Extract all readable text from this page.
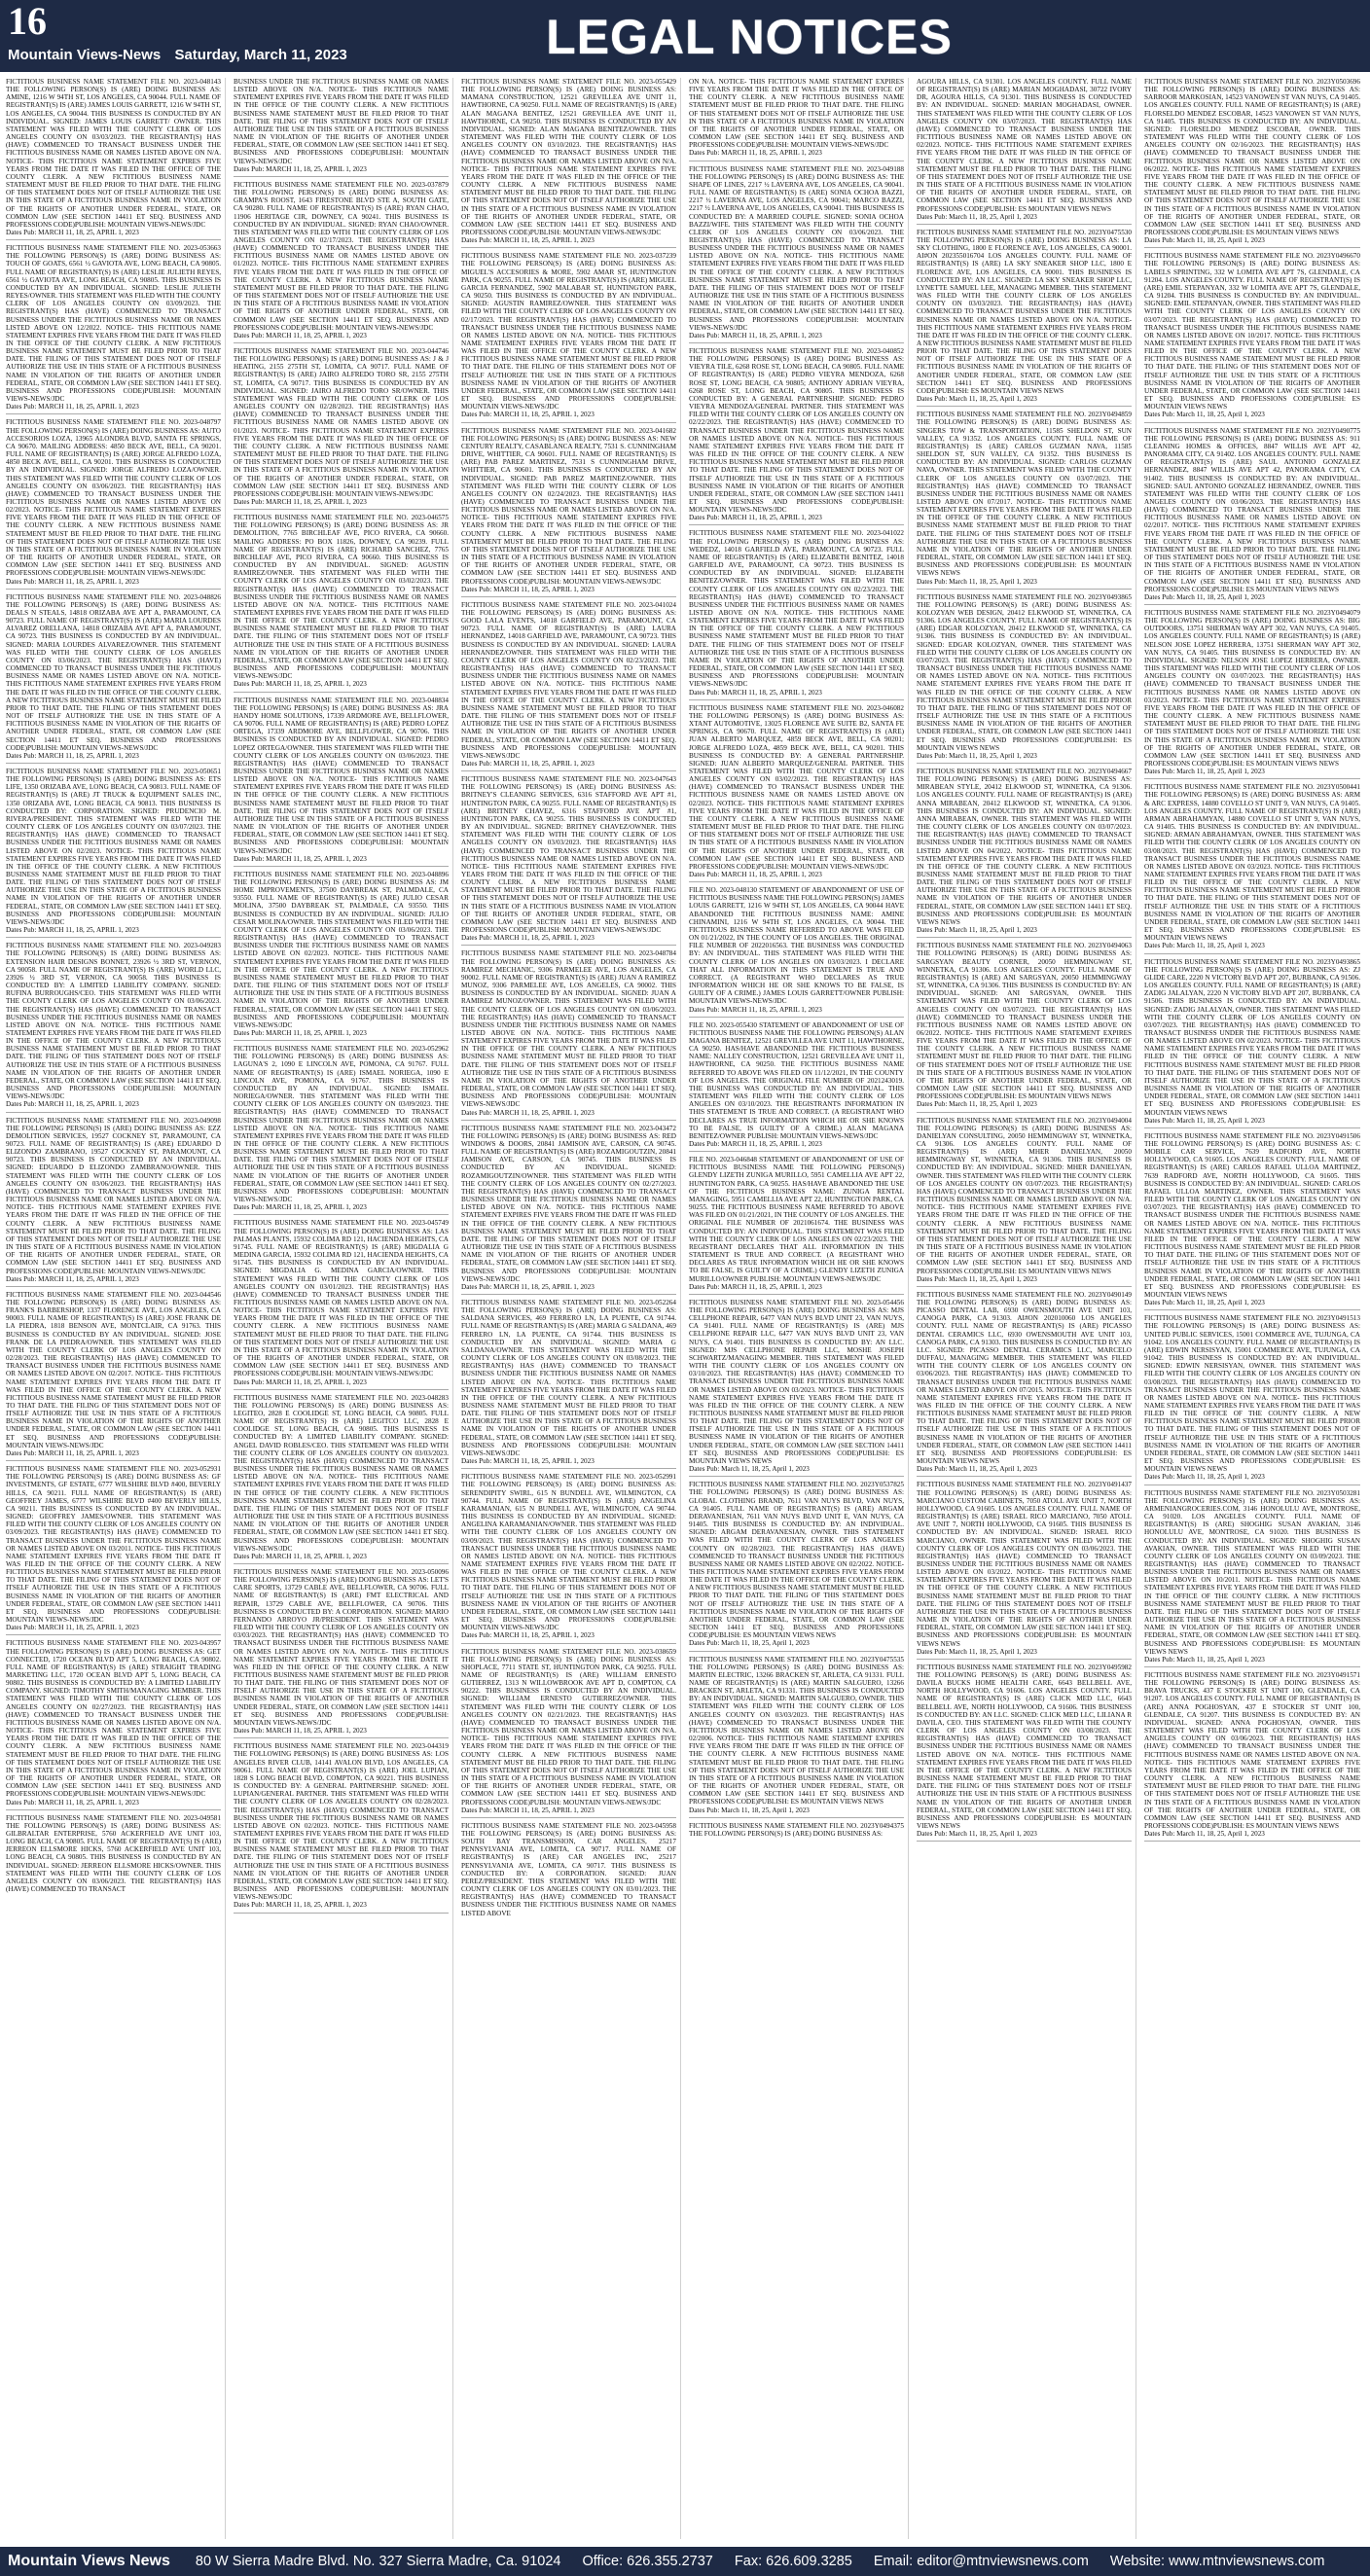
16
Mountain Views-News Saturday, March 11, 2023	LEGAL NOTICES
FICTITIOUS BUSINESS NAME STATEMENT FILE NO. 2023-048143 THE FOLLOWING PERSON(S) IS (ARE) DOING BUSINESS AS: AMINE, 1216 W 94TH ST, LOS ANGELES, CA 90044. FULL NAME OF REGISTRANT(S) IS (ARE) JAMES LOUIS GARRETT, 1216 W 94TH ST, LOS ANGELES, CA 90044. THIS BUSINESS IS CONDUCTED BY AN INDIVIDUAL. SIGNED: JAMES LOUIS GARRETT/ OWNER. THIS STATEMENT WAS FILED WITH THE COUNTY CLERK OF LOS ANGELES COUNTY ON 03/03/2023. THE REGISTRANT(S) HAS (HAVE) COMMENCED TO TRANSACT BUSINESS UNDER THE FICTITIOUS BUSINESS NAME OR NAMES LISTED ABOVE ON N/A. NOTICE- THIS FICTITIOUS NAME STATEMENT EXPIRES FIVE YEARS FROM THE DATE IT WAS FILED IN THE OFFICE OF THE COUNTY CLERK. A NEW FICTITIOUS BUSINESS NAME STATEMENT MUST BE FILED PRIOR TO THAT DATE. THE FILING OF THIS STATEMENT DOES NOT OF ITSELF AUTHORIZE THE USE IN THIS STATE OF A FICTITIOUS BUSINESS NAME IN VIOLATION OF THE RIGHTS OF ANOTHER UNDER FEDERAL, STATE, OR COMMON LAW (SEE SECTION 14411 ET SEQ. BUSINESS AND PROFESSIONS CODE)PUBLISH: MOUNTAIN VIEWS-NEWS/JDC
Dates Pub: MARCH 11, 18, 25, APRIL 1, 2023
FICTITIOUS BUSINESS NAME STATEMENT FILE NO. 2023-053663 THE FOLLOWING PERSON(S) IS (ARE) DOING BUSINESS AS: TOUCH OF GOATS, 6561 ½ GAVIOTA AVE, LONG BEACH, CA 90805. FULL NAME OF REGISTRANT(S) IS (ARE) LESLIE JULIETH REYES, 6561 ½ GAVIOTA AVE, LONG BEACH, CA 90805. THIS BUSINESS IS CONDUCTED BY AN INDIVIDUAL. SIGNED: LESLIE JULIETH REYES/OWNER. THIS STATEMENT WAS FILED WITH THE COUNTY CLERK OF LOS ANGELES COUNTY ON 03/09/2023. THE REGISTRANT(S) HAS (HAVE) COMMENCED TO TRANSACT BUSINESS UNDER THE FICTITIOUS BUSINESS NAME OR NAMES LISTED ABOVE ON 12/2022. NOTICE- THIS FICTITIOUS NAME STATEMENT EXPIRES FIVE YEARS FROM THE DATE IT WAS FILED IN THE OFFICE OF THE COUNTY CLERK. A NEW FICTITIOUS BUSINESS NAME STATEMENT MUST BE FILED PRIOR TO THAT DATE. THE FILING OF THIS STATEMENT DOES NOT OF ITSELF AUTHORIZE THE USE IN THIS STATE OF A FICTITIOUS BUSINESS NAME IN VIOLATION OF THE RIGHTS OF ANOTHER UNDER FEDERAL, STATE, OR COMMON LAW (SEE SECTION 14411 ET SEQ. BUSINESS AND PROFESSIONS CODE)PUBLISH: MOUNTAIN VIEWS-NEWS/JDC
Dates Pub: MARCH 11, 18, 25, APRIL 1, 2023
FICTITIOUS BUSINESS NAME STATEMENT FILE NO. 2023-048797 THE FOLLOWING PERSON(S) IS (ARE) DOING BUSINESS AS: AUTO ACCESORIOS LOZA, 13965 ALONDRA BLVD, SANTA FE SPRINGS, CA 90670. MAILING ADDRESS: 4850 BECK AVE, BELL, CA 90201. FULL NAME OF REGISTRANT(S) IS (ARE) JORGE ALFREDO LOZA, 4850 BECK AVE, BELL, CA 90201. THIS BUSINESS IS CONDUCTED BY AN INDIVIDUAL. SIGNED: JORGE ALFREDO LOZA/OWNER. THIS STATEMENT WAS FILED WITH THE COUNTY CLERK OF LOS ANGELES COUNTY ON 03/06/2023. THE REGISTRANT(S) HAS (HAVE) COMMENCED TO TRANSACT BUSINESS UNDER THE FICTITIOUS BUSINESS NAME OR NAMES LISTED ABOVE ON 02/2023. NOTICE- THIS FICTITIOUS NAME STATEMENT EXPIRES FIVE YEARS FROM THE DATE IT WAS FILED IN THE OFFICE OF THE COUNTY CLERK. A NEW FICTITIOUS BUSINESS NAME STATEMENT MUST BE FILED PRIOR TO THAT DATE. THE FILING OF THIS STATEMENT DOES NOT OF ITSELF AUTHORIZE THE USE IN THIS STATE OF A FICTITIOUS BUSINESS NAME IN VIOLATION OF THE RIGHTS OF ANOTHER UNDER FEDERAL, STATE, OR COMMON LAW (SEE SECTION 14411 ET SEQ. BUSINESS AND PROFESSIONS CODE)PUBLISH: MOUNTAIN VIEWS-NEWS/JDC
Dates Pub: MARCH 11, 18, 25, APRIL 1, 2023
FICTITIOUS BUSINESS NAME STATEMENT FILE NO. 2023-048826 THE FOLLOWING PERSON(S) IS (ARE) DOING BUSINESS AS: DEALS N STEALS, 14818 ORIZABA AVE APT A, PARAMOUNT, CA 90723. FULL NAME OF REGISTRANT(S) IS (ARE) MARIA LOURDES ALVAREZ ORELLANA, 14818 ORIZABA AVE APT A, PARAMOUNT, CA 90723. THIS BUSINESS IS CONDUCTED BY AN INDIVIDUAL. SIGNED: MARIA LOURDES ALVAREZ/OWNER. THIS STATEMENT WAS FILED WITH THE COUNTY CLERK OF LOS ANGELES COUNTY ON 03/06/2023. THE REGISTRANT(S) HAS (HAVE) COMMENCED TO TRANSACT BUSINESS UNDER THE FICTITIOUS BUSINESS NAME OR NAMES LISTED ABOVE ON N/A. NOTICE- THIS FICTITIOUS NAME STATEMENT EXPIRES FIVE YEARS FROM THE DATE IT WAS FILED IN THE OFFICE OF THE COUNTY CLERK. A NEW FICTITIOUS BUSINESS NAME STATEMENT MUST BE FILED PRIOR TO THAT DATE. THE FILING OF THIS STATEMENT DOES NOT OF ITSELF AUTHORIZE THE USE IN THIS STATE OF A FICTITIOUS BUSINESS NAME IN VIOLATION OF THE RIGHTS OF ANOTHER UNDER FEDERAL, STATE, OR COMMON LAW (SEE SECTION 14411 ET SEQ. BUSINESS AND PROFESSIONS CODE)PUBLISH: MOUNTAIN VIEWS-NEWS/JDC
Dates Pub: MARCH 11, 18, 25, APRIL 1, 2023
FICTITIOUS BUSINESS NAME STATEMENT FILE NO. 2023-050651 THE FOLLOWING PERSON(S) IS (ARE) DOING BUSINESS AS: ETS LIFE, 1350 ORIZABA AVE, LONG BEACH, CA 90813. FULL NAME OF REGISTRANT(S) IS (ARE) JT TRUCK & EQUIPMENT SALES INC, 1350 ORIZABA AVE, LONG BEACH, CA 90813. THIS BUSINESS IS CONDUCTED BY: CORPORATION. SIGNED: PRUDENCIO M. RIVERA/PRESIDENT. THIS STATEMENT WAS FILED WITH THE COUNTY CLERK OF LOS ANGELES COUNTY ON 03/07/2023. THE REGISTRANT(S) HAS (HAVE) COMMENCED TO TRANSACT BUSINESS UNDER THE FICTITIOUS BUSINESS NAME OR NAMES LISTED ABOVE ON 02/2023. NOTICE- THIS FICTITIOUS NAME STATEMENT EXPIRES FIVE YEARS FROM THE DATE IT WAS FILED IN THE OFFICE OF THE COUNTY CLERK. A NEW FICTITIOUS BUSINESS NAME STATEMENT MUST BE FILED PRIOR TO THAT DATE. THE FILING OF THIS STATEMENT DOES NOT OF ITSELF AUTHORIZE THE USE IN THIS STATE OF A FICTITIOUS BUSINESS NAME IN VIOLATION OF THE RIGHTS OF ANOTHER UNDER FEDERAL, STATE, OR COMMON LAW (SEE SECTION 14411 ET SEQ. BUSINESS AND PROFESSIONS CODE)PUBLISH: MOUNTAIN VIEWS-NEWS/JDC
Dates Pub: MARCH 11, 18, 25, APRIL 1, 2023
FICTITIOUS BUSINESS NAME STATEMENT FILE NO. 2023-049283 THE FOLLOWING PERSON(S) IS (ARE) DOING BUSINESS AS: EXTENSION HAIR DESIGNS BONNET, 23926 ½ 3RD ST, VERNON, CA 90058. FULL NAME OF REGISTRANT(S) IS (ARE) WORLD LLC, 23926 ½ 3RD ST, VERNON, CA 90058. THIS BUSINESS IS CONDUCTED BY: A LIMITED LIABILITY COMPANY. SIGNED: RUFINA BURROUGHS/CEO. THIS STATEMENT WAS FILED WITH THE COUNTY CLERK OF LOS ANGELES COUNTY ON 03/06/2023. THE REGISTRANT(S) HAS (HAVE) COMMENCED TO TRANSACT BUSINESS UNDER THE FICTITIOUS BUSINESS NAME OR NAMES LISTED ABOVE ON N/A. NOTICE- THIS FICTITIOUS NAME STATEMENT EXPIRES FIVE YEARS FROM THE DATE IT WAS FILED IN THE OFFICE OF THE COUNTY CLERK. A NEW FICTITIOUS BUSINESS NAME STATEMENT MUST BE FILED PRIOR TO THAT DATE. THE FILING OF THIS STATEMENT DOES NOT OF ITSELF AUTHORIZE THE USE IN THIS STATE OF A FICTITIOUS BUSINESS NAME IN VIOLATION OF THE RIGHTS OF ANOTHER UNDER FEDERAL, STATE, OR COMMON LAW (SEE SECTION 14411 ET SEQ. BUSINESS AND PROFESSIONS CODE)PUBLISH: MOUNTAIN VIEWS-NEWS/JDC
Dates Pub: MARCH 11, 18, 25, APRIL 1, 2023
FICTITIOUS BUSINESS NAME STATEMENT FILE NO. 2023-049098 THE FOLLOWING PERSON(S) IS (ARE) DOING BUSINESS AS: EZZ DEMOLITION SERVICES, 19527 COCKNEY ST, PARAMOUNT, CA 90723. FULL NAME OF REGISTRANT(S) IS (ARE) EDUARDO D ELIZONDO ZAMBRANO, 19527 COCKNEY ST, PARAMOUNT, CA 90723. THIS BUSINESS IS CONDUCTED BY AN INDIVIDUAL. SIGNED: EDUARDO D ELIZONDO ZAMBRANO/OWNER. THIS STATEMENT WAS FILED WITH THE COUNTY CLERK OF LOS ANGELES COUNTY ON 03/06/2023. THE REGISTRANT(S) HAS (HAVE) COMMENCED TO TRANSACT BUSINESS UNDER THE FICTITIOUS BUSINESS NAME OR NAMES LISTED ABOVE ON N/A. NOTICE- THIS FICTITIOUS NAME STATEMENT EXPIRES FIVE YEARS FROM THE DATE IT WAS FILED IN THE OFFICE OF THE COUNTY CLERK. A NEW FICTITIOUS BUSINESS NAME STATEMENT MUST BE FILED PRIOR TO THAT DATE. THE FILING OF THIS STATEMENT DOES NOT OF ITSELF AUTHORIZE THE USE IN THIS STATE OF A FICTITIOUS BUSINESS NAME IN VIOLATION OF THE RIGHTS OF ANOTHER UNDER FEDERAL, STATE, OR COMMON LAW (SEE SECTION 14411 ET SEQ. BUSINESS AND PROFESSIONS CODE)PUBLISH: MOUNTAIN VIEWS-NEWS/JDC
Dates Pub: MARCH 11, 18, 25, APRIL 1, 2023
FICTITIOUS BUSINESS NAME STATEMENT FILE NO. 2023-044546 THE FOLLOWING PERSON(S) IS (ARE) DOING BUSINESS AS: FRANK'S BARBERSHOP, 1337 FLORENCE AVE, LOS ANGELES, CA 90003. FULL NAME OF REGISTRANT(S) IS (ARE) JOSE FRANK DE LA PIEDRA, 1818 BENSON AVE, MONTCLAIR, CA 91763. THIS BUSINESS IS CONDUCTED BY AN INDIVIDUAL. SIGNED: JOSE FRANK DE LA PIEDRA/OWNER. THIS STATEMENT WAS FILED WITH THE COUNTY CLERK OF LOS ANGELES COUNTY ON 02/28/2023. THE REGISTRANT(S) HAS (HAVE) COMMENCED TO TRANSACT BUSINESS UNDER THE FICTITIOUS BUSINESS NAME OR NAMES LISTED ABOVE ON 02/2017. NOTICE- THIS FICTITIOUS NAME STATEMENT EXPIRES FIVE YEARS FROM THE DATE IT WAS FILED IN THE OFFICE OF THE COUNTY CLERK. A NEW FICTITIOUS BUSINESS NAME STATEMENT MUST BE FILED PRIOR TO THAT DATE. THE FILING OF THIS STATEMENT DOES NOT OF ITSELF AUTHORIZE THE USE IN THIS STATE OF A FICTITIOUS BUSINESS NAME IN VIOLATION OF THE RIGHTS OF ANOTHER UNDER FEDERAL, STATE, OR COMMON LAW (SEE SECTION 14411 ET SEQ. BUSINESS AND PROFESSIONS CODE)PUBLISH: MOUNTAIN VIEWS-NEWS/JDC
Dates Pub: MARCH 11, 18, 25, APRIL 1, 2023
FICTITIOUS BUSINESS NAME STATEMENT FILE NO. 2023-052931 THE FOLLOWING PERSON(S) IS (ARE) DOING BUSINESS AS: GF INVESTMENTS, GF ESTATE, 6777 WILSHIRE BLVD #400, BEVERLY HILLS, CA 90211. FULL NAME OF REGISTRANT(S) IS (ARE) GEOFFREY JAMES, 6777 WILSHIRE BLVD #400 BEVERLY HILLS, CA 90211. THIS BUSINESS IS CONDUCTED BY AN INDIVIDUAL. SIGNED: GEOFFREY JAMES/OWNER. THIS STATEMENT WAS FILED WITH THE COUNTY CLERK OF LOS ANGELES COUNTY ON 03/09/2023. THE REGISTRANT(S) HAS (HAVE) COMMENCED TO TRANSACT BUSINESS UNDER THE FICTITIOUS BUSINESS NAME OR NAMES LISTED ABOVE ON 03/2011. NOTICE- THIS FICTITIOUS NAME STATEMENT EXPIRES FIVE YEARS FROM THE DATE IT WAS FILED IN THE OFFICE OF THE COUNTY CLERK. A NEW FICTITIOUS BUSINESS NAME STATEMENT MUST BE FILED PRIOR TO THAT DATE. THE FILING OF THIS STATEMENT DOES NOT OF ITSELF AUTHORIZE THE USE IN THIS STATE OF A FICTITIOUS BUSINESS NAME IN VIOLATION OF THE RIGHTS OF ANOTHER UNDER FEDERAL, STATE, OR COMMON LAW (SEE SECTION 14411 ET SEQ. BUSINESS AND PROFESSIONS CODE)PUBLISH: MOUNTAIN VIEWS-NEWS/JDC
Dates Pub: MARCH 11, 18, 25, APRIL 1, 2023
FICTITIOUS BUSINESS NAME STATEMENT FILE NO. 2023-043957 THE FOLLOWING PERSON(S) IS (ARE) DOING BUSINESS AS: GET CONNECTED, 1720 OCEAN BLVD APT 5, LONG BEACH, CA 90802. FULL NAME OF REGISTRANT(S) IS (ARE) STRAIGHT TRADING MARKETING LLC, 1720 OCEAN BLVD APT 5, LONG BEACH, CA 90802. THIS BUSINESS IS CONDUCTED BY: A LIMITED LIABILITY COMPANY. SIGNED: TIMOTHY SMITH/MANAGING MEMBER. THIS STATEMENT WAS FILED WITH THE COUNTY CLERK OF LOS ANGELES COUNTY ON 02/27/2023. THE REGISTRANT(S) HAS (HAVE) COMMENCED TO TRANSACT BUSINESS UNDER THE FICTITIOUS BUSINESS NAME OR NAMES LISTED ABOVE ON N/A. NOTICE- THIS FICTITIOUS NAME STATEMENT EXPIRES FIVE YEARS FROM THE DATE IT WAS FILED IN THE OFFICE OF THE COUNTY CLERK. A NEW FICTITIOUS BUSINESS NAME STATEMENT MUST BE FILED PRIOR TO THAT DATE. THE FILING OF THIS STATEMENT DOES NOT OF ITSELF AUTHORIZE THE USE IN THIS STATE OF A FICTITIOUS BUSINESS NAME IN VIOLATION OF THE RIGHTS OF ANOTHER UNDER FEDERAL, STATE, OR COMMON LAW (SEE SECTION 14411 ET SEQ. BUSINESS AND PROFESSIONS CODE)PUBLISH: MOUNTAIN VIEWS-NEWS/JDC
Dates Pub: MARCH 11, 18, 25, APRIL 1, 2023
FICTITIOUS BUSINESS NAME STATEMENT FILE NO. 2023-049581 THE FOLLOWING PERSON(S) IS (ARE) DOING BUSINESS AS: GILBRALTAR ENTERPRISE, 5760 ACKERFIELD AVE UNIT 103, LONG BEACH, CA 90805. FULL NAME OF REGISTRANT(S) IS (ARE) JERREON ELLSMORE HICKS, 5760 ACKERFIELD AVE UNIT 103, LONG BEACH, CA 90805. THIS BUSINESS IS CONDUCTED BY AN INDIVIDUAL. SIGNED: JERREON ELLSMORE HICKS/OWNER. THIS STATEMENT WAS FILED WITH THE COUNTY CLERK OF LOS ANGELES COUNTY ON 03/06/2023. THE REGISTRANT(S) HAS (HAVE) COMMENCED TO TRANSACT
BUSINESS UNDER THE FICTITIOUS BUSINESS NAME OR NAMES LISTED ABOVE ON N/A. NOTICE- THIS FICTITIOUS NAME STATEMENT EXPIRES FIVE YEARS FROM THE DATE IT WAS FILED IN THE OFFICE OF THE COUNTY CLERK. A NEW FICTITIOUS BUSINESS NAME STATEMENT MUST BE FILED PRIOR TO THAT DATE. THE FILING OF THIS STATEMENT DOES NOT OF ITSELF AUTHORIZE THE USE IN THIS STATE OF A FICTITIOUS BUSINESS NAME IN VIOLATION OF THE RIGHTS OF ANOTHER UNDER FEDERAL, STATE, OR COMMON LAW (SEE SECTION 14411 ET SEQ. BUSINESS AND PROFESSIONS CODE)PUBLISH: MOUNTAIN VIEWS-NEWS/JDC
Dates Pub: MARCH 11, 18, 25, APRIL 1, 2023
FICTITIOUS BUSINESS NAME STATEMENT FILE NO. 2023-037879 THE FOLLOWING PERSON(S) IS (ARE) DOING BUSINESS AS: GRAMPA'S ROOST, 1643 FIRESTONE BLVD STE A, SOUTH GATE, CA 90280. FULL NAME OF REGISTRANT(S) IS (ARE) RYAN CHAO, 11906 HERITAGE CIR, DOWNEY, CA 90241. THIS BUSINESS IS CONDUCTED BY AN INDIVIDUAL. SIGNED: RYAN CHAO/OWNER. THIS STATEMENT WAS FILED WITH THE COUNTY CLERK OF LOS ANGELES COUNTY ON 02/17/2023. THE REGISTRANT(S) HAS (HAVE) COMMENCED TO TRANSACT BUSINESS UNDER THE FICTITIOUS BUSINESS NAME OR NAMES LISTED ABOVE ON 01/2023. NOTICE- THIS FICTITIOUS NAME STATEMENT EXPIRES FIVE YEARS FROM THE DATE IT WAS FILED IN THE OFFICE OF THE COUNTY CLERK. A NEW FICTITIOUS BUSINESS NAME STATEMENT MUST BE FILED PRIOR TO THAT DATE. THE FILING OF THIS STATEMENT DOES NOT OF ITSELF AUTHORIZE THE USE IN THIS STATE OF A FICTITIOUS BUSINESS NAME IN VIOLATION OF THE RIGHTS OF ANOTHER UNDER FEDERAL, STATE, OR COMMON LAW (SEE SECTION 14411 ET SEQ. BUSINESS AND PROFESSIONS CODE)PUBLISH: MOUNTAIN VIEWS-NEWS/JDC
Dates Pub: MARCH 11, 18, 25, APRIL 1, 2023
FICTITIOUS BUSINESS NAME STATEMENT FILE NO. 2023-044746 THE FOLLOWING PERSON(S) IS (ARE) DOING BUSINESS AS: J & J HEATING, 2155 275TH ST, LOMITA, CA 90717. FULL NAME OF REGISTRANT(S) IS (ARE) JAIRO ALFREDO TORO SR, 2155 275TH ST, LOMITA, CA 90717. THIS BUSINESS IS CONDUCTED BY AN INDIVIDUAL. SIGNED: JAIRO ALFREDO TORO SR/OWNER. THIS STATEMENT WAS FILED WITH THE COUNTY CLERK OF LOS ANGELES COUNTY ON 02/28/2023. THE REGISTRANT(S) HAS (HAVE) COMMENCED TO TRANSACT BUSINESS UNDER THE FICTITIOUS BUSINESS NAME OR NAMES LISTED ABOVE ON 01/2023. NOTICE- THIS FICTITIOUS NAME STATEMENT EXPIRES FIVE YEARS FROM THE DATE IT WAS FILED IN THE OFFICE OF THE COUNTY CLERK. A NEW FICTITIOUS BUSINESS NAME STATEMENT MUST BE FILED PRIOR TO THAT DATE. THE FILING OF THIS STATEMENT DOES NOT OF ITSELF AUTHORIZE THE USE IN THIS STATE OF A FICTITIOUS BUSINESS NAME IN VIOLATION OF THE RIGHTS OF ANOTHER UNDER FEDERAL, STATE, OR COMMON LAW (SEE SECTION 14411 ET SEQ. BUSINESS AND PROFESSIONS CODE)PUBLISH: MOUNTAIN VIEWS-NEWS/JDC
Dates Pub: MARCH 11, 18, 25, APRIL 1, 2023
FICTITIOUS BUSINESS NAME STATEMENT FILE NO. 2023-046575 THE FOLLOWING PERSON(S) IS (ARE) DOING BUSINESS AS: JR DEMOLITION, 7765 BIRCHLEAF AVE, PICO RIVERA, CA 90660. MAILING ADDRESS: PO BOX 11826, DOWNEY, CA 90239. FULL NAME OF REGISTRANT(S) IS (ARE) RICHARD SANCHEZ, 7765 BIRCHLEAF AVE, PICO RIVERA, CA 90660. THIS BUSINESS IS CONDUCTED BY AN INDIVIDUAL. SIGNED: AGUSTIN RAMIREZ/OWNER. THIS STATEMENT WAS FILED WITH THE COUNTY CLERK OF LOS ANGELES COUNTY ON 03/02/2023. THE REGISTRANT(S) HAS (HAVE) COMMENCED TO TRANSACT BUSINESS UNDER THE FICTITIOUS BUSINESS NAME OR NAMES LISTED ABOVE ON N/A. NOTICE- THIS FICTITIOUS NAME STATEMENT EXPIRES FIVE YEARS FROM THE DATE IT WAS FILED IN THE OFFICE OF THE COUNTY CLERK. A NEW FICTITIOUS BUSINESS NAME STATEMENT MUST BE FILED PRIOR TO THAT DATE. THE FILING OF THIS STATEMENT DOES NOT OF ITSELF AUTHORIZE THE USE IN THIS STATE OF A FICTITIOUS BUSINESS NAME IN VIOLATION OF THE RIGHTS OF ANOTHER UNDER FEDERAL, STATE, OR COMMON LAW (SEE SECTION 14411 ET SEQ. BUSINESS AND PROFESSIONS CODE)PUBLISH: MOUNTAIN VIEWS-NEWS/JDC
Dates Pub: MARCH 11, 18, 25, APRIL 1, 2023
FICTITIOUS BUSINESS NAME STATEMENT FILE NO. 2023-048834 THE FOLLOWING PERSON(S) IS (ARE) DOING BUSINESS AS: JRA HANDY HOME SOLUTIONS, 17339 ARDMORE AVE, BELLFLOWER, CA 90706. FULL NAME OF REGISTRANT(S) IS (ARE) PEDRO LOPEZ ORTEGA, 17339 ARDMORE AVE, BELLFLOWER, CA 90706. THIS BUSINESS IS CONDUCTED BY AN INDIVIDUAL. SIGNED: PEDRO LOPEZ ORTEGA/OWNER. THIS STATEMENT WAS FILED WITH THE COUNTY CLERK OF LOS ANGELES COUNTY ON 03/06/2023. THE REGISTRANT(S) HAS (HAVE) COMMENCED TO TRANSACT BUSINESS UNDER THE FICTITIOUS BUSINESS NAME OR NAMES LISTED ABOVE ON N/A. NOTICE- THIS FICTITIOUS NAME STATEMENT EXPIRES FIVE YEARS FROM THE DATE IT WAS FILED IN THE OFFICE OF THE COUNTY CLERK. A NEW FICTITIOUS BUSINESS NAME STATEMENT MUST BE FILED PRIOR TO THAT DATE. THE FILING OF THIS STATEMENT DOES NOT OF ITSELF AUTHORIZE THE USE IN THIS STATE OF A FICTITIOUS BUSINESS NAME IN VIOLATION OF THE RIGHTS OF ANOTHER UNDER FEDERAL, STATE, OR COMMON LAW (SEE SECTION 14411 ET SEQ. BUSINESS AND PROFESSIONS CODE)PUBLISH: MOUNTAIN VIEWS-NEWS/JDC
Dates Pub: MARCH 11, 18, 25, APRIL 1, 2023
FICTITIOUS BUSINESS NAME STATEMENT FILE NO. 2023-048896 THE FOLLOWING PERSON(S) IS (ARE) DOING BUSINESS AS: JM HOME IMPROVEMENTS, 37500 DAYBREAK ST, PALMDALE, CA 93550. FULL NAME OF REGISTRANT(S) IS (ARE) JULIO CESAR MOLINA, 37500 DAYBREAK ST, PALMDALE, CA 93550. THIS BUSINESS IS CONDUCTED BY AN INDIVIDUAL. SIGNED: JULIO CESAR MOLINA/OWNER. THIS STATEMENT WAS FILED WITH THE COUNTY CLERK OF LOS ANGELES COUNTY ON 03/06/2023. THE REGISTRANT(S) HAS (HAVE) COMMENCED TO TRANSACT BUSINESS UNDER THE FICTITIOUS BUSINESS NAME OR NAMES LISTED ABOVE ON 02/2023. NOTICE- THIS FICTITIOUS NAME STATEMENT EXPIRES FIVE YEARS FROM THE DATE IT WAS FILED IN THE OFFICE OF THE COUNTY CLERK. A NEW FICTITIOUS BUSINESS NAME STATEMENT MUST BE FILED PRIOR TO THAT DATE. THE FILING OF THIS STATEMENT DOES NOT OF ITSELF AUTHORIZE THE USE IN THIS STATE OF A FICTITIOUS BUSINESS NAME IN VIOLATION OF THE RIGHTS OF ANOTHER UNDER FEDERAL, STATE, OR COMMON LAW (SEE SECTION 14411 ET SEQ. BUSINESS AND PROFESSIONS CODE)PUBLISH: MOUNTAIN VIEWS-NEWS/JDC
Dates Pub: MARCH 11, 18, 25, APRIL 1, 2023
FICTITIOUS BUSINESS NAME STATEMENT FILE NO. 2023-052962 THE FOLLOWING PERSON(S) IS (ARE) DOING BUSINESS AS: LAGUNA'S 2, 1090 E LINCOLN AVE, POMONA, CA 91767. FULL NAME OF REGISTRANT(S) IS (ARE) ISMAEL NORIEGA, 1090 E LINCOLN AVE, POMONA, CA 91767. THIS BUSINESS IS CONDUCTED BY AN INDIVIDUAL. SIGNED: ISMAEL NORIEGA/OWNER. THIS STATEMENT WAS FILED WITH THE COUNTY CLERK OF LOS ANGELES COUNTY ON 03/09/2023. THE REGISTRANT(S) HAS (HAVE) COMMENCED TO TRANSACT BUSINESS UNDER THE FICTITIOUS BUSINESS NAME OR NAMES LISTED ABOVE ON N/A. NOTICE- THIS FICTITIOUS NAME STATEMENT EXPIRES FIVE YEARS FROM THE DATE IT WAS FILED IN THE OFFICE OF THE COUNTY CLERK. A NEW FICTITIOUS BUSINESS NAME STATEMENT MUST BE FILED PRIOR TO THAT DATE. THE FILING OF THIS STATEMENT DOES NOT OF ITSELF AUTHORIZE THE USE IN THIS STATE OF A FICTITIOUS BUSINESS NAME IN VIOLATION OF THE RIGHTS OF ANOTHER UNDER FEDERAL, STATE, OR COMMON LAW (SEE SECTION 14411 ET SEQ. BUSINESS AND PROFESSIONS CODE)PUBLISH: MOUNTAIN VIEWS-NEWS/JDC
Dates Pub: MARCH 11, 18, 25, APRIL 1, 2023
FICTITIOUS BUSINESS NAME STATEMENT FILE NO. 2023-045749 THE FOLLOWING PERSON(S) IS (ARE) DOING BUSINESS AS: LAS PALMAS PLANTS, 15932 COLIMA RD 121, HACIENDA HEIGHTS, CA 91745. FULL NAME OF REGISTRANT(S) IS (ARE) MIGDALIA G MEDINA GARCIA, 15932 COLIMA RD 121, HACIENDA HEIGHTS, CA 91745. THIS BUSINESS IS CONDUCTED BY AN INDIVIDUAL. SIGNED: MIGDALIA G. MEDINA GARCIA/OWNER. THIS STATEMENT WAS FILED WITH THE COUNTY CLERK OF LOS ANGELES COUNTY ON 03/01/2023. THE REGISTRANT(S) HAS (HAVE) COMMENCED TO TRANSACT BUSINESS UNDER THE FICTITIOUS BUSINESS NAME OR NAMES LISTED ABOVE ON N/A. NOTICE- THIS FICTITIOUS NAME STATEMENT EXPIRES FIVE YEARS FROM THE DATE IT WAS FILED IN THE OFFICE OF THE COUNTY CLERK. A NEW FICTITIOUS BUSINESS NAME STATEMENT MUST BE FILED PRIOR TO THAT DATE. THE FILING OF THIS STATEMENT DOES NOT OF ITSELF AUTHORIZE THE USE IN THIS STATE OF A FICTITIOUS BUSINESS NAME IN VIOLATION OF THE RIGHTS OF ANOTHER UNDER FEDERAL, STATE, OR COMMON LAW (SEE SECTION 14411 ET SEQ. BUSINESS AND PROFESSIONS CODE)PUBLISH: MOUNTAIN VIEWS-NEWS/JDC
Dates Pub: MARCH 11, 18, 25, APRIL 1, 2023
FICTITIOUS BUSINESS NAME STATEMENT FILE NO. 2023-048283 THE FOLLOWING PERSON(S) IS (ARE) DOING BUSINESS AS: LEGITEO, 2828 E COOLIDGE ST, LONG BEACH, CA 90805. FULL NAME OF REGISTRANT(S) IS (ARE) LEGITCO LLC, 2828 E COOLIDGE ST, LONG BEACH, CA 90805. THIS BUSINESS IS CONDUCTED BY: A LIMITED LIABILITY COMPANY. SIGNED: ANGEL DAVID ROBLES/CEO. THIS STATEMENT WAS FILED WITH THE COUNTY CLERK OF LOS ANGELES COUNTY ON 03/03/2023. THE REGISTRANT(S) HAS (HAVE) COMMENCED TO TRANSACT BUSINESS UNDER THE FICTITIOUS BUSINESS NAME OR NAMES LISTED ABOVE ON N/A. NOTICE- THIS FICTITIOUS NAME STATEMENT EXPIRES FIVE YEARS FROM THE DATE IT WAS FILED IN THE OFFICE OF THE COUNTY CLERK. A NEW FICTITIOUS BUSINESS NAME STATEMENT MUST BE FILED PRIOR TO THAT DATE. THE FILING OF THIS STATEMENT DOES NOT OF ITSELF AUTHORIZE THE USE IN THIS STATE OF A FICTITIOUS BUSINESS NAME IN VIOLATION OF THE RIGHTS OF ANOTHER UNDER FEDERAL, STATE, OR COMMON LAW (SEE SECTION 14411 ET SEQ. BUSINESS AND PROFESSIONS CODE)PUBLISH: MOUNTAIN VIEWS-NEWS/JDC
Dates Pub: MARCH 11, 18, 25, APRIL 1, 2023
FICTITIOUS BUSINESS NAME STATEMENT FILE NO. 2023-050096 THE FOLLOWING PERSON(S) IS (ARE) DOING BUSINESS AS: LET'S CARE SPORTS, 13729 CABLE AVE, BELLFLOWER, CA 90706. FULL NAME OF REGISTRANT(S) IS (ARE) FMT ELECTRICAL AND REPAIR, 13729 CABLE AVE, BELLFLOWER, CA 90706. THIS BUSINESS IS CONDUCTED BY: A CORPORATION. SIGNED: MARIO FERNANDO ARROYO JR/PRESIDENT. THIS STATEMENT WAS FILED WITH THE COUNTY CLERK OF LOS ANGELES COUNTY ON 03/03/2023. THE REGISTRANT(S) HAS (HAVE) COMMENCED TO TRANSACT BUSINESS UNDER THE FICTITIOUS BUSINESS NAME OR NAMES LISTED ABOVE ON N/A. NOTICE- THIS FICTITIOUS NAME STATEMENT EXPIRES FIVE YEARS FROM THE DATE IT WAS FILED IN THE OFFICE OF THE COUNTY CLERK. A NEW FICTITIOUS BUSINESS NAME STATEMENT MUST BE FILED PRIOR TO THAT DATE. THE FILING OF THIS STATEMENT DOES NOT OF ITSELF AUTHORIZE THE USE IN THIS STATE OF A FICTITIOUS BUSINESS NAME IN VIOLATION OF THE RIGHTS OF ANOTHER UNDER FEDERAL, STATE, OR COMMON LAW (SEE SECTION 14411 ET SEQ. BUSINESS AND PROFESSIONS CODE)PUBLISH: MOUNTAIN VIEWS-NEWS/JDC
Dates Pub: MARCH 11, 18, 25, APRIL 1, 2023
FICTITIOUS BUSINESS NAME STATEMENT FILE NO. 2023-044319 THE FOLLOWING PERSON(S) IS (ARE) DOING BUSINESS AS: LOS ANGELES RIVER CLUB, 14141 AVALON BLVD, LOS ANGELES, CA 90061. FULL NAME OF REGISTRANT(S) IS (ARE) JOEL LUPIAN, 1828 S LONG BEACH BLVD, COMPTON, CA 90221. THIS BUSINESS IS CONDUCTED BY: A GENERAL PARTNERSHIP. SIGNED: JOEL LUPIAN/GENERAL PARTNER. THIS STATEMENT WAS FILED WITH THE COUNTY CLERK OF LOS ANGELES COUNTY ON 02/28/2023. THE REGISTRANT(S) HAS (HAVE) COMMENCED TO TRANSACT BUSINESS UNDER THE FICTITIOUS BUSINESS NAME OR NAMES LISTED ABOVE ON 02/2023. NOTICE- THIS FICTITIOUS NAME STATEMENT EXPIRES FIVE YEARS FROM THE DATE IT WAS FILED IN THE OFFICE OF THE COUNTY CLERK. A NEW FICTITIOUS BUSINESS NAME STATEMENT MUST BE FILED PRIOR TO THAT DATE. THE FILING OF THIS STATEMENT DOES NOT OF ITSELF AUTHORIZE THE USE IN THIS STATE OF A FICTITIOUS BUSINESS NAME IN VIOLATION OF THE RIGHTS OF ANOTHER UNDER FEDERAL, STATE, OR COMMON LAW (SEE SECTION 14411 ET SEQ. BUSINESS AND PROFESSIONS CODE)PUBLISH: MOUNTAIN VIEWS-NEWS/JDC
Dates Pub: MARCH 11, 18, 25, APRIL 1, 2023
FICTITIOUS BUSINESS NAME STATEMENT FILE NO. 2023-055429 THE FOLLOWING PERSON(S) IS (ARE) DOING BUSINESS AS: MAMANA CONSTRUCTION, 12521 GREVILLEA AVE UNIT 11, HAWTHORNE, CA 90250. FULL NAME OF REGISTRANT(S) IS (ARE) ALAN MAGANA BENITEZ, 12521 GREVILLEA AVE UNIT 11, HAWTHORNE, CA 90250. THIS BUSINESS IS CONDUCTED BY AN INDIVIDUAL. SIGNED: ALAN MAGANA BENITEZ/OWNER. THIS STATEMENT WAS FILED WITH THE COUNTY CLERK OF LOS ANGELES COUNTY ON 03/10/2023. THE REGISTRANT(S) HAS (HAVE) COMMENCED TO TRANSACT BUSINESS UNDER THE FICTITIOUS BUSINESS NAME OR NAMES LISTED ABOVE ON N/A. NOTICE- THIS FICTITIOUS NAME STATEMENT EXPIRES FIVE YEARS FROM THE DATE IT WAS FILED IN THE OFFICE OF THE COUNTY CLERK. A NEW FICTITIOUS BUSINESS NAME STATEMENT MUST BE FILED PRIOR TO THAT DATE. THE FILING OF THIS STATEMENT DOES NOT OF ITSELF AUTHORIZE THE USE IN THIS STATE OF A FICTITIOUS BUSINESS NAME IN VIOLATION OF THE RIGHTS OF ANOTHER UNDER FEDERAL, STATE, OR COMMON LAW (SEE SECTION 14411 ET SEQ. BUSINESS AND PROFESSIONS CODE)PUBLISH: MOUNTAIN VIEWS-NEWS/JDC
Dates Pub: MARCH 11, 18, 25, APRIL 1, 2023
FICTITIOUS BUSINESS NAME STATEMENT FILE NO. 2023-037239 THE FOLLOWING PERSON(S) IS (ARE) DOING BUSINESS AS: MIGUEL'S ACCESORIES & MORE, 5902 AMAR ST, HUNTINGTON PARK, CA 90255. FULL NAME OF REGISTRANT(S) IS (ARE) MIGUEL GARCIA FERNANDEZ, 5902 MALABAR ST, HUNTINGTON PARK, CA 90250. THIS BUSINESS IS CONDUCTED BY AN INDIVIDUAL. SIGNED: AGUSTIN RAMIREZ/OWNER. THIS STATEMENT WAS FILED WITH THE COUNTY CLERK OF LOS ANGELES COUNTY ON 02/17/2023. THE REGISTRANT(S) HAS (HAVE) COMMENCED TO TRANSACT BUSINESS UNDER THE FICTITIOUS BUSINESS NAME OR NAMES LISTED ABOVE ON N/A. NOTICE- THIS FICTITIOUS NAME STATEMENT EXPIRES FIVE YEARS FROM THE DATE IT WAS FILED IN THE OFFICE OF THE COUNTY CLERK. A NEW FICTITIOUS BUSINESS NAME STATEMENT MUST BE FILED PRIOR TO THAT DATE. THE FILING OF THIS STATEMENT DOES NOT OF ITSELF AUTHORIZE THE USE IN THIS STATE OF A FICTITIOUS BUSINESS NAME IN VIOLATION OF THE RIGHTS OF ANOTHER UNDER FEDERAL, STATE, OR COMMON LAW (SEE SECTION 14411 ET SEQ. BUSINESS AND PROFESSIONS CODE)PUBLISH: MOUNTAIN VIEWS-NEWS/JDC
Dates Pub: MARCH 11, 18, 25, APRIL 1, 2023
FICTITIOUS BUSINESS NAME STATEMENT FILE NO. 2023-041682 THE FOLLOWING PERSON(S) IS (ARE) DOING BUSINESS AS: NEW CENTURY REALTY, CASABLANCA REALTY, 7531 S. CUNNINGHAM DRIVE, WHITTIER, CA 90601. FULL NAME OF REGISTRANT(S) IS (ARE) PAB PAREZ MARTINEZ, 7531 S CUNNINGHAM DRIVE, WHITTIER, CA 90601. THIS BUSINESS IS CONDUCTED BY AN INDIVIDUAL. SIGNED: PAB PAREZ MARTINEZ/OWNER. THIS STATEMENT WAS FILED WITH THE COUNTY CLERK OF LOS ANGELES COUNTY ON 02/24/2023. THE REGISTRANT(S) HAS (HAVE) COMMENCED TO TRANSACT BUSINESS UNDER THE FICTITIOUS BUSINESS NAME OR NAMES LISTED ABOVE ON N/A. NOTICE- THIS FICTITIOUS NAME STATEMENT EXPIRES FIVE YEARS FROM THE DATE IT WAS FILED IN THE OFFICE OF THE COUNTY CLERK. A NEW FICTITIOUS BUSINESS NAME STATEMENT MUST BE FILED PRIOR TO THAT DATE. THE FILING OF THIS STATEMENT DOES NOT OF ITSELF AUTHORIZE THE USE IN THIS STATE OF A FICTITIOUS BUSINESS NAME IN VIOLATION OF THE RIGHTS OF ANOTHER UNDER FEDERAL, STATE, OR COMMON LAW (SEE SECTION 14411 ET SEQ. BUSINESS AND PROFESSIONS CODE)PUBLISH: MOUNTAIN VIEWS-NEWS/JDC
Dates Pub: MARCH 11, 18, 25, APRIL 1, 2023
FICTITIOUS BUSINESS NAME STATEMENT FILE NO. 2023-041024 THE FOLLOWING PERSON(S) IS (ARE) DOING BUSINESS AS: GOOD LALA EVENTS, 14018 GARFIELD AVE, PARAMOUNT, CA 90723. FULL NAME OF REGISTRANT(S) IS (ARE) LAURA HERNANDEZ, 14018 GARFIELD AVE, PARAMOUNT, CA 90723. THIS BUSINESS IS CONDUCTED BY AN INDIVIDUAL. SIGNED: LAURA HERNANDEZ/OWNER. THIS STATEMENT WAS FILED WITH THE COUNTY CLERK OF LOS ANGELES COUNTY ON 02/23/2023. THE REGISTRANT(S) HAS (HAVE) COMMENCED TO TRANSACT BUSINESS UNDER THE FICTITIOUS BUSINESS NAME OR NAMES LISTED ABOVE ON N/A. NOTICE- THIS FICTITIOUS NAME STATEMENT EXPIRES FIVE YEARS FROM THE DATE IT WAS FILED IN THE OFFICE OF THE COUNTY CLERK. A NEW FICTITIOUS BUSINESS NAME STATEMENT MUST BE FILED PRIOR TO THAT DATE. THE FILING OF THIS STATEMENT DOES NOT OF ITSELF AUTHORIZE THE USE IN THIS STATE OF A FICTITIOUS BUSINESS NAME IN VIOLATION OF THE RIGHTS OF ANOTHER UNDER FEDERAL, STATE, OR COMMON LAW (SEE SECTION 14411 ET SEQ. BUSINESS AND PROFESSIONS CODE)PUBLISH: MOUNTAIN VIEWS-NEWS/JDC
Dates Pub: MARCH 11, 18, 25, APRIL 1, 2023
FICTITIOUS BUSINESS NAME STATEMENT FILE NO. 2023-047643 THE FOLLOWING PERSON(S) IS (ARE) DOING BUSINESS AS: BRITNEY'S CLEANING SERVICES, 6316 STAFFORD AVE APT #1, HUNTINGTON PARK, CA 90255. FULL NAME OF REGISTRANT(S) IS (ARE) BRITNEY CHAVEZ, 6316 STAFFORD AVE APT #1, HUNTINGTON PARK, CA 90255. THIS BUSINESS IS CONDUCTED BY AN INDIVIDUAL. SIGNED: BRITNEY CHAVEZ/OWNER. THIS STATEMENT WAS FILED WITH THE COUNTY CLERK OF LOS ANGELES COUNTY ON 03/03/2023. THE REGISTRANT(S) HAS (HAVE) COMMENCED TO TRANSACT BUSINESS UNDER THE FICTITIOUS BUSINESS NAME OR NAMES LISTED ABOVE ON N/A. NOTICE- THIS FICTITIOUS NAME STATEMENT EXPIRES FIVE YEARS FROM THE DATE IT WAS FILED IN THE OFFICE OF THE COUNTY CLERK. A NEW FICTITIOUS BUSINESS NAME STATEMENT MUST BE FILED PRIOR TO THAT DATE. THE FILING OF THIS STATEMENT DOES NOT OF ITSELF AUTHORIZE THE USE IN THIS STATE OF A FICTITIOUS BUSINESS NAME IN VIOLATION OF THE RIGHTS OF ANOTHER UNDER FEDERAL, STATE, OR COMMON LAW (SEE SECTION 14411 ET SEQ. BUSINESS AND PROFESSIONS CODE)PUBLISH: MOUNTAIN VIEWS-NEWS/JDC
Dates Pub: MARCH 11, 18, 25, APRIL 1, 2023
FICTITIOUS BUSINESS NAME STATEMENT FILE NO. 2023-048784 THE FOLLOWING PERSON(S) IS (ARE) DOING BUSINESS AS: RAMIREZ MECHANIC, 9306 PARMELEE AVE, LOS ANGELES, CA 90002. FULL NAME OF REGISTRANT(S) IS (ARE) JUAN A RAMIREZ MUNOZ, 9306 PARMELEE AVE, LOS ANGELES, CA 90002. THIS BUSINESS IS CONDUCTED BY AN INDIVIDUAL. SIGNED: JUAN A RAMIREZ MUNOZ/OWNER. THIS STATEMENT WAS FILED WITH THE COUNTY CLERK OF LOS ANGELES COUNTY ON 03/06/2023. THE REGISTRANT(S) HAS (HAVE) COMMENCED TO TRANSACT BUSINESS UNDER THE FICTITIOUS BUSINESS NAME OR NAMES LISTED ABOVE ON N/A. NOTICE- THIS FICTITIOUS NAME STATEMENT EXPIRES FIVE YEARS FROM THE DATE IT WAS FILED IN THE OFFICE OF THE COUNTY CLERK. A NEW FICTITIOUS BUSINESS NAME STATEMENT MUST BE FILED PRIOR TO THAT DATE. THE FILING OF THIS STATEMENT DOES NOT OF ITSELF AUTHORIZE THE USE IN THIS STATE OF A FICTITIOUS BUSINESS NAME IN VIOLATION OF THE RIGHTS OF ANOTHER UNDER FEDERAL, STATE, OR COMMON LAW (SEE SECTION 14411 ET SEQ. BUSINESS AND PROFESSIONS CODE)PUBLISH: MOUNTAIN VIEWS-NEWS/JDC
Dates Pub: MARCH 11, 18, 25, APRIL 1, 2023
FICTITIOUS BUSINESS NAME STATEMENT FILE NO. 2023-043472 THE FOLLOWING PERSON(S) IS (ARE) DOING BUSINESS AS: RED WINDOWS & DOORS, 20841 JAMISON AVE, CARSON, CA 90745. FULL NAME OF REGISTRANT(S) IS (ARE) ROZAMIGOUTZIN, 20841 JAMISON AVE, CARSON, CA 90745. THIS BUSINESS IS CONDUCTED BY AN INDIVIDUAL. SIGNED: ROZAMIGOUTZIN/OWNER. THIS STATEMENT WAS FILED WITH THE COUNTY CLERK OF LOS ANGELES COUNTY ON 02/27/2023. THE REGISTRANT(S) HAS (HAVE) COMMENCED TO TRANSACT BUSINESS UNDER THE FICTITIOUS BUSINESS NAME OR NAMES LISTED ABOVE ON N/A. NOTICE- THIS FICTITIOUS NAME STATEMENT EXPIRES FIVE YEARS FROM THE DATE IT WAS FILED IN THE OFFICE OF THE COUNTY CLERK. A NEW FICTITIOUS BUSINESS NAME STATEMENT MUST BE FILED PRIOR TO THAT DATE. THE FILING OF THIS STATEMENT DOES NOT OF ITSELF AUTHORIZE THE USE IN THIS STATE OF A FICTITIOUS BUSINESS NAME IN VIOLATION OF THE RIGHTS OF ANOTHER UNDER FEDERAL, STATE, OR COMMON LAW (SEE SECTION 14411 ET SEQ. BUSINESS AND PROFESSIONS CODE)PUBLISH: MOUNTAIN VIEWS-NEWS/JDC
Dates Pub: MARCH 11, 18, 25, APRIL 1, 2023
FICTITIOUS BUSINESS NAME STATEMENT FILE NO. 2023-052264 THE FOLLOWING PERSON(S) IS (ARE) DOING BUSINESS AS: SALDANA SERVICES, 469 FERRERO LN, LA PUENTE, CA 91744. FULL NAME OF REGISTRANT(S) IS (ARE) MARIA G SALDANA, 469 FERRERO LN, LA PUENTE, CA 91744. THIS BUSINESS IS CONDUCTED BY AN INDIVIDUAL. SIGNED: MARIA G SALDANA/OWNER. THIS STATEMENT WAS FILED WITH THE COUNTY CLERK OF LOS ANGELES COUNTY ON 03/08/2023. THE REGISTRANT(S) HAS (HAVE) COMMENCED TO TRANSACT BUSINESS UNDER THE FICTITIOUS BUSINESS NAME OR NAMES LISTED ABOVE ON N/A. NOTICE- THIS FICTITIOUS NAME STATEMENT EXPIRES FIVE YEARS FROM THE DATE IT WAS FILED IN THE OFFICE OF THE COUNTY CLERK. A NEW FICTITIOUS BUSINESS NAME STATEMENT MUST BE FILED PRIOR TO THAT DATE. THE FILING OF THIS STATEMENT DOES NOT OF ITSELF AUTHORIZE THE USE IN THIS STATE OF A FICTITIOUS BUSINESS NAME IN VIOLATION OF THE RIGHTS OF ANOTHER UNDER FEDERAL, STATE, OR COMMON LAW (SEE SECTION 14411 ET SEQ. BUSINESS AND PROFESSIONS CODE)PUBLISH: MOUNTAIN VIEWS-NEWS/JDC
Dates Pub: MARCH 11, 18, 25, APRIL 1, 2023
FICTITIOUS BUSINESS NAME STATEMENT FILE NO. 2023-052991 THE FOLLOWING PERSON(S) IS (ARE) DOING BUSINESS AS: SERENDIPITY SWIRL, 615 N BUNDELL AVE, WILMINGTON, CA 90744. FULL NAME OF REGISTRANT(S) IS (ARE) ANGELINA KARAMANIAN, 615 N BUNDELL AVE, WILMINGTON, CA 90744. THIS BUSINESS IS CONDUCTED BY AN INDIVIDUAL. SIGNED: ANGELINA KARAMANIAN/OWNER. THIS STATEMENT WAS FILED WITH THE COUNTY CLERK OF LOS ANGELES COUNTY ON 03/09/2023. THE REGISTRANT(S) HAS (HAVE) COMMENCED TO TRANSACT BUSINESS UNDER THE FICTITIOUS BUSINESS NAME OR NAMES LISTED ABOVE ON N/A. NOTICE- THIS FICTITIOUS NAME STATEMENT EXPIRES FIVE YEARS FROM THE DATE IT WAS FILED IN THE OFFICE OF THE COUNTY CLERK. A NEW FICTITIOUS BUSINESS NAME STATEMENT MUST BE FILED PRIOR TO THAT DATE. THE FILING OF THIS STATEMENT DOES NOT OF ITSELF AUTHORIZE THE USE IN THIS STATE OF A FICTITIOUS BUSINESS NAME IN VIOLATION OF THE RIGHTS OF ANOTHER UNDER FEDERAL, STATE, OR COMMON LAW (SEE SECTION 14411 ET SEQ. BUSINESS AND PROFESSIONS CODE)PUBLISH: MOUNTAIN VIEWS-NEWS/JDC
Dates Pub: MARCH 11, 18, 25, APRIL 1, 2023
FICTITIOUS BUSINESS NAME STATEMENT FILE NO. 2023-038659 THE FOLLOWING PERSON(S) IS (ARE) DOING BUSINESS AS: SHOPLACE, 7711 STATE ST, HUNTINGTON PARK, CA 90255. FULL NAME OF REGISTRANT(S) IS (ARE) WILLIAM ERNESTO GUTIERREZ, 1313 N WILLOWBROOK AVE APT D, COMPTON, CA 90222. THIS BUSINESS IS CONDUCTED BY AN INDIVIDUAL. SIGNED: WILLIAM ERNESTO GUTIERREZ/OWNER. THIS STATEMENT WAS FILED WITH THE COUNTY CLERK OF LOS ANGELES COUNTY ON 02/21/2023. THE REGISTRANT(S) HAS (HAVE) COMMENCED TO TRANSACT BUSINESS UNDER THE FICTITIOUS BUSINESS NAME OR NAMES LISTED ABOVE ON N/A. NOTICE- THIS FICTITIOUS NAME STATEMENT EXPIRES FIVE YEARS FROM THE DATE IT WAS FILED IN THE OFFICE OF THE COUNTY CLERK. A NEW FICTITIOUS BUSINESS NAME STATEMENT MUST BE FILED PRIOR TO THAT DATE. THE FILING OF THIS STATEMENT DOES NOT OF ITSELF AUTHORIZE THE USE IN THIS STATE OF A FICTITIOUS BUSINESS NAME IN VIOLATION OF THE RIGHTS OF ANOTHER UNDER FEDERAL, STATE, OR COMMON LAW (SEE SECTION 14411 ET SEQ. BUSINESS AND PROFESSIONS CODE)PUBLISH: MOUNTAIN VIEWS-NEWS/JDC
Dates Pub: MARCH 11, 18, 25, APRIL 1, 2023
FICTITIOUS BUSINESS NAME STATEMENT FILE NO. 2023-045958 THE FOLLOWING PERSON(S) IS (ARE) DOING BUSINESS AS: SOUTH BAY TRANSMISSION, CAR ANGELES, 25217 PENNSYLVANIA AVE, LOMITA, CA 90717. FULL NAME OF REGISTRANT(S) IS (ARE) CAR ANGELES INC, 25217 PENNSYLVANIA AVE, LOMITA, CA 90717. THIS BUSINESS IS CONDUCTED BY: A CORPORATION. SIGNED: JUAN PEREZ/PRESIDENT. THIS STATEMENT WAS FILED WITH THE COUNTY CLERK OF LOS ANGELES COUNTY ON 03/01/2023. THE REGISTRANT(S) HAS (HAVE) COMMENCED TO TRANSACT BUSINESS UNDER THE FICTITIOUS BUSINESS NAME OR NAMES LISTED ABOVE
ON N/A. NOTICE- THIS FICTITIOUS NAME STATEMENT EXPIRES FIVE YEARS FROM THE DATE IT WAS FILED IN THE OFFICE OF THE COUNTY CLERK. A NEW FICTITIOUS BUSINESS NAME STATEMENT MUST BE FILED PRIOR TO THAT DATE. THE FILING OF THIS STATEMENT DOES NOT OF ITSELF AUTHORIZE THE USE IN THIS STATE OF A FICTITIOUS BUSINESS NAME IN VIOLATION OF THE RIGHTS OF ANOTHER UNDER FEDERAL, STATE, OR COMMON LAW (SEE SECTION 14411 ET SEQ. BUSINESS AND PROFESSIONS CODE)PUBLISH: MOUNTAIN VIEWS-NEWS/JDC
Dates Pub: MARCH 11, 18, 25, APRIL 1, 2023
FICTITIOUS BUSINESS NAME STATEMENT FILE NO. 2023-049188 THE FOLLOWING PERSON(S) IS (ARE) DOING BUSINESS AS: THE SHAPE OF LINES, 2217 ½ LAVERNA AVE, LOS ANGELES, CA 90041. FULL NAME OF REGISTRANT(S) IS (ARE) SONIA OCHOA BAZZI, 2217 ½ LAVERNA AVE, LOS ANGELES, CA 90041; MARCO BAZZI, 2217 ½ LAVERNA AVE, LOS ANGELES, CA 90041. THIS BUSINESS IS CONDUCTED BY: A MARRIED COUPLE. SIGNED: SONIA OCHOA BAZZI/WIFE. THIS STATEMENT WAS FILED WITH THE COUNTY CLERK OF LOS ANGELES COUNTY ON 03/06/2023. THE REGISTRANT(S) HAS (HAVE) COMMENCED TO TRANSACT BUSINESS UNDER THE FICTITIOUS BUSINESS NAME OR NAMES LISTED ABOVE ON N/A. NOTICE- THIS FICTITIOUS NAME STATEMENT EXPIRES FIVE YEARS FROM THE DATE IT WAS FILED IN THE OFFICE OF THE COUNTY CLERK. A NEW FICTITIOUS BUSINESS NAME STATEMENT MUST BE FILED PRIOR TO THAT DATE. THE FILING OF THIS STATEMENT DOES NOT OF ITSELF AUTHORIZE THE USE IN THIS STATE OF A FICTITIOUS BUSINESS NAME IN VIOLATION OF THE RIGHTS OF ANOTHER UNDER FEDERAL, STATE, OR COMMON LAW (SEE SECTION 14411 ET SEQ. BUSINESS AND PROFESSIONS CODE)PUBLISH: MOUNTAIN VIEWS-NEWS/JDC
Dates Pub: MARCH 11, 18, 25, APRIL 1, 2023
FICTITIOUS BUSINESS NAME STATEMENT FILE NO. 2023-040852 THE FOLLOWING PERSON(S) IS (ARE) DOING BUSINESS AS: VIEYRA TILE, 6268 ROSE ST, LONG BEACH, CA 90805. FULL NAME OF REGISTRANT(S) IS (ARE) PEDRO VIEYRA MENDOZA, 6268 ROSE ST, LONG BEACH, CA 90805; ANTHONY ADRIAN VIEYRA, 6268 ROSE ST, LONG BEACH, CA 90805. THIS BUSINESS IS CONDUCTED BY: A GENERAL PARTNERSHIP. SIGNED: PEDRO VIEYRA MENDOZA/GENERAL PARTNER. THIS STATEMENT WAS FILED WITH THE COUNTY CLERK OF LOS ANGELES COUNTY ON 02/22/2023. THE REGISTRANT(S) HAS (HAVE) COMMENCED TO TRANSACT BUSINESS UNDER THE FICTITIOUS BUSINESS NAME OR NAMES LISTED ABOVE ON N/A. NOTICE- THIS FICTITIOUS NAME STATEMENT EXPIRES FIVE YEARS FROM THE DATE IT WAS FILED IN THE OFFICE OF THE COUNTY CLERK. A NEW FICTITIOUS BUSINESS NAME STATEMENT MUST BE FILED PRIOR TO THAT DATE. THE FILING OF THIS STATEMENT DOES NOT OF ITSELF AUTHORIZE THE USE IN THIS STATE OF A FICTITIOUS BUSINESS NAME IN VIOLATION OF THE RIGHTS OF ANOTHER UNDER FEDERAL, STATE, OR COMMON LAW (SEE SECTION 14411 ET SEQ. BUSINESS AND PROFESSIONS CODE)PUBLISH: MOUNTAIN VIEWS-NEWS/JDC
Dates Pub: MARCH 11, 18, 25, APRIL 1, 2023
FICTITIOUS BUSINESS NAME STATEMENT FILE NO. 2023-041022 THE FOLLOWING PERSON(S) IS (ARE) DOING BUSINESS AS: WEDEDZ, 14018 GARFIELD AVE, PARAMOUNT, CA 90723. FULL NAME OF REGISTRANT(S) IS (ARE) ELIZABETH BENITEZ, 14018 GARFIELD AVE, PARAMOUNT, CA 90723. THIS BUSINESS IS CONDUCTED BY AN INDIVIDUAL. SIGNED: ELIZABETH BENITEZ/OWNER. THIS STATEMENT WAS FILED WITH THE COUNTY CLERK OF LOS ANGELES COUNTY ON 02/23/2023. THE REGISTRANT(S) HAS (HAVE) COMMENCED TO TRANSACT BUSINESS UNDER THE FICTITIOUS BUSINESS NAME OR NAMES LISTED ABOVE ON N/A. NOTICE- THIS FICTITIOUS NAME STATEMENT EXPIRES FIVE YEARS FROM THE DATE IT WAS FILED IN THE OFFICE OF THE COUNTY CLERK. A NEW FICTITIOUS BUSINESS NAME STATEMENT MUST BE FILED PRIOR TO THAT DATE. THE FILING OF THIS STATEMENT DOES NOT OF ITSELF AUTHORIZE THE USE IN THIS STATE OF A FICTITIOUS BUSINESS NAME IN VIOLATION OF THE RIGHTS OF ANOTHER UNDER FEDERAL, STATE, OR COMMON LAW (SEE SECTION 14411 ET SEQ. BUSINESS AND PROFESSIONS CODE)PUBLISH: MOUNTAIN VIEWS-NEWS/JDC
Dates Pub: MARCH 11, 18, 25, APRIL 1, 2023
FICTITIOUS BUSINESS NAME STATEMENT FILE NO. 2023-046082 THE FOLLOWING PERSON(S) IS (ARE) DOING BUSINESS AS: XTANT AUTOMOTIVE, 13025 FLORENCE AVE SUITE B2, SANTA FE SPRINGS, CA 90670. FULL NAME OF REGISTRANT(S) IS (ARE) JUAN ALBERTO MARQUEZ, 4859 BECK AVE, BELL, CA 90201; JORGE ALFREDO LOZA, 4859 BECK AVE, BELL, CA 90201. THIS BUSINESS IS CONDUCTED BY: A GENERAL PARTNERSHIP. SIGNED: JUAN ALBERTO MARQUEZ/GENERAL PARTNER. THIS STATEMENT WAS FILED WITH THE COUNTY CLERK OF LOS ANGELES COUNTY ON 03/02/2023. THE REGISTRANT(S) HAS (HAVE) COMMENCED TO TRANSACT BUSINESS UNDER THE FICTITIOUS BUSINESS NAME OR NAMES LISTED ABOVE ON 02/2023. NOTICE- THIS FICTITIOUS NAME STATEMENT EXPIRES FIVE YEARS FROM THE DATE IT WAS FILED IN THE OFFICE OF THE COUNTY CLERK. A NEW FICTITIOUS BUSINESS NAME STATEMENT MUST BE FILED PRIOR TO THAT DATE. THE FILING OF THIS STATEMENT DOES NOT OF ITSELF AUTHORIZE THE USE IN THIS STATE OF A FICTITIOUS BUSINESS NAME IN VIOLATION OF THE RIGHTS OF ANOTHER UNDER FEDERAL, STATE, OR COMMON LAW (SEE SECTION 14411 ET SEQ. BUSINESS AND PROFESSIONS CODE)PUBLISH: MOUNTAIN VIEWS-NEWS/JDC
Dates Pub: MARCH 11, 18, 25, APRIL 1, 2023
FILE NO. 2023-048130 STATEMENT OF ABANDONMENT OF USE OF FICTITIOUS BUSINESS NAME THE FOLLOWING PERSON(S) JAMES LOUIS GARRETT, 1216 W 94TH ST, LOS ANGELES, CA 90044 HAVE ABANDONED THE FICTITIOUS BUSINESS NAME: AMINE CHINAMINI, 1216 W 94TH ST, LOS ANGELES, CA 90044. THE FICTITIOUS BUSINESS NAME REFERRED TO ABOVE WAS FILED ON 01/21/2022, IN THE COUNTY OF LOS ANGELES. THE ORIGINAL FILE NUMBER OF 2022016563. THE BUSINESS WAS CONDUCTED BY: AN INDIVIDUAL. THIS STATEMENT WAS FILED WITH THE COUNTY CLERK OF LOS ANGELES ON 03/03/2023. I DECLARE THAT ALL INFORMATION IN THIS STATEMENT IS TRUE AND CORRECT. (A REGISTRANT WHO DECLARES AS TRUE INFORMATION WHICH HE OR SHE KNOWS TO BE FALSE, IS GUILTY OF A CRIME.) JAMES LOUIS GARRETT/OWNER PUBLISH: MOUNTAIN VIEWS-NEWS/JDC
Dates Pub: MARCH 11, 18, 25, APRIL 1, 2023
FILE NO. 2023-055430 STATEMENT OF ABANDONMENT OF USE OF FICTITIOUS BUSINESS NAME THE FOLLOWING PERSON(S) ALAN MAGANA BENITEZ, 12521 GREVILLEA AVE UNIT 11, HAWTHORNE, CA 90250. HAS/HAVE ABANDONED THE FICTITIOUS BUSINESS NAME: NALLEY CONSTRUCTION, 12521 GREVILLEA AVE UNIT 11, HAWTHORNE, CA 90250. THE FICTITIOUS BUSINESS NAME REFERRED TO ABOVE WAS FILED ON 11/12/2021, IN THE COUNTY OF LOS ANGELES. THE ORIGINAL FILE NUMBER OF 2021243019. THE BUSINESS WAS CONDUCTED BY: AN INDIVIDUAL. THIS STATEMENT WAS FILED WITH THE COUNTY CLERK OF LOS ANGELES ON 03/10/2023. THE REGISTRANTS INFORMATION IN THIS STATEMENT IS TRUE AND CORRECT. (A REGISTRANT WHO DECLARES AS TRUE INFORMATION WHICH HE OR SHE KNOWS TO BE FALSE, IS GUILTY OF A CRIME.) ALAN MAGANA BENITEZ/OWNER PUBLISH: MOUNTAIN VIEWS-NEWS/JDC
Dates Pub: MARCH 11, 18, 25, APRIL 1, 2023
FILE NO. 2023-046848 STATEMENT OF ABANDONMENT OF USE OF FICTITIOUS BUSINESS NAME THE FOLLOWING PERSON(S) GLENDY LIZETH ZUNIGA MURILLO, 5951 CAMELLIA AVE APT 22, HUNTINGTON PARK, CA 90255. HAS/HAVE ABANDONED THE USE OF THE FICTITIOUS BUSINESS NAME: ZUNIGA RENTAL MANAGING, 5951 CAMELLIA AVE APT 22, HUNTINGTON PARK, CA 90255. THE FICTITIOUS BUSINESS NAME REFERRED TO ABOVE WAS FILED ON 01/21/2021, IN THE COUNTY OF LOS ANGELES. THE ORIGINAL FILE NUMBER OF 2021061674. THE BUSINESS WAS CONDUCTED BY: AN INDIVIDUAL. THIS STATEMENT WAS FILED WITH THE COUNTY CLERK OF LOS ANGELES ON 02/23/2023. THE REGISTRANT DECLARES THAT ALL INFORMATION IN THIS STATEMENT IS TRUE AND CORRECT. (A REGISTRANT WHO DECLARES AS TRUE INFORMATION WHICH HE OR SHE KNOWS TO BE FALSE, IS GUILTY OF A CRIME.) GLENDY LIZETH ZUNIGA MURILLO/OWNER PUBLISH: MOUNTAIN VIEWS-NEWS/JDC
Dates Pub: MARCH 11, 18, 25, APRIL 1, 2023
FICTITIOUS BUSINESS NAME STATEMENT FILE NO. 2023-054456 THE FOLLOWING PERSON(S) IS (ARE) DOING BUSINESS AS: MJS CELLPHONE REPAIR, 6477 VAN NUYS BLVD UNIT 23, VAN NUYS, CA 91401. FULL NAME OF REGISTRANT(S) IS (ARE) MJS CELLPHONE REPAIR LLC, 6477 VAN NUYS BLVD UNIT 23, VAN NUYS, CA 91401. THIS BUSINESS IS CONDUCTED BY: AN LLC. SIGNED: MJS CELLPHONE REPAIR LLC, MOSHE JOSEPH SCHWARTZ/MANAGING MEMBER. THIS STATEMENT WAS FILED WITH THE COUNTY CLERK OF LOS ANGELES COUNTY ON 03/10/2023. THE REGISTRANT(S) HAS (HAVE) COMMENCED TO TRANSACT BUSINESS UNDER THE FICTITIOUS BUSINESS NAME OR NAMES LISTED ABOVE ON 03/2023. NOTICE- THIS FICTITIOUS NAME STATEMENT EXPIRES FIVE YEARS FROM THE DATE IT WAS FILED IN THE OFFICE OF THE COUNTY CLERK. A NEW FICTITIOUS BUSINESS NAME STATEMENT MUST BE FILED PRIOR TO THAT DATE. THE FILING OF THIS STATEMENT DOES NOT OF ITSELF AUTHORIZE THE USE IN THIS STATE OF A FICTITIOUS BUSINESS NAME IN VIOLATION OF THE RIGHTS OF ANOTHER UNDER FEDERAL, STATE, OR COMMON LAW (SEE SECTION 14411 ET SEQ. BUSINESS AND PROFESSIONS CODE)PUBLISH: ES MOUNTAIN VIEWS NEWS
Dates Pub: March 11, 18, 25, April 1, 2023
FICTITIOUS BUSINESS NAME STATEMENT FILE NO. 2023Y0537825 THE FOLLOWING PERSON(S) IS (ARE) DOING BUSINESS AS: GLOBAL CLOTHING BRAND, 7611 VAN NUYS BLVD, VAN NUYS, CA 91405. FULL NAME OF REGISTRANT(S) IS (ARE) ARGAM DERAVANESIAN, 7611 VAN NUYS BLVD UNIT E, VAN NUYS, CA 91405. THIS BUSINESS IS CONDUCTED BY: AN INDIVIDUAL. SIGNED: ARGAM DERAVANESIAN, OWNER. THIS STATEMENT WAS FILED WITH THE COUNTY CLERK OF LOS ANGELES COUNTY ON 02/28/2023. THE REGISTRANT(S) HAS (HAVE) COMMENCED TO TRANSACT BUSINESS UNDER THE FICTITIOUS BUSINESS NAME OR NAMES LISTED ABOVE ON 02/2022. NOTICE- THIS FICTITIOUS NAME STATEMENT EXPIRES FIVE YEARS FROM THE DATE IT WAS FILED IN THE OFFICE OF THE COUNTY CLERK. A NEW FICTITIOUS BUSINESS NAME STATEMENT MUST BE FILED PRIOR TO THAT DATE. THE FILING OF THIS STATEMENT DOES NOT OF ITSELF AUTHORIZE THE USE IN THIS STATE OF A FICTITIOUS BUSINESS NAME IN VIOLATION OF THE RIGHTS OF ANOTHER UNDER FEDERAL, STATE, OR COMMON LAW (SEE SECTION 14411 ET SEQ. BUSINESS AND PROFESSIONS CODE)PUBLISH: ES MOUNTAIN VIEWS NEWS
Dates Pub: March 11, 18, 25, April 1, 2023
FICTITIOUS BUSINESS NAME STATEMENT FILE NO. 2023Y0475535 THE FOLLOWING PERSON(S) IS (ARE) DOING BUSINESS AS: MARTIN ELECTRIC, 13266 BRACKEN ST, ARLETA, CA 91331. FULL NAME OF REGISTRANT(S) IS (ARE) MARTIN SALGUERO, 13266 BRACKEN ST, ARLETA, CA 91331. THIS BUSINESS IS CONDUCTED BY: AN INDIVIDUAL. SIGNED: MARTIN SALGUERO, OWNER. THIS STATEMENT WAS FILED WITH THE COUNTY CLERK OF LOS ANGELES COUNTY ON 03/03/2023. THE REGISTRANT(S) HAS (HAVE) COMMENCED TO TRANSACT BUSINESS UNDER THE FICTITIOUS BUSINESS NAME OR NAMES LISTED ABOVE ON 02/2006. NOTICE- THIS FICTITIOUS NAME STATEMENT EXPIRES FIVE YEARS FROM THE DATE IT WAS FILED IN THE OFFICE OF THE COUNTY CLERK. A NEW FICTITIOUS BUSINESS NAME STATEMENT MUST BE FILED PRIOR TO THAT DATE. THE FILING OF THIS STATEMENT DOES NOT OF ITSELF AUTHORIZE THE USE IN THIS STATE OF A FICTITIOUS BUSINESS NAME IN VIOLATION OF THE RIGHTS OF ANOTHER UNDER FEDERAL, STATE, OR COMMON LAW (SEE SECTION 14411 ET SEQ. BUSINESS AND PROFESSIONS CODE)PUBLISH: ES MOUNTAIN VIEWS NEWS
Dates Pub: March 11, 18, 25, April 1, 2023
FICTITIOUS BUSINESS NAME STATEMENT FILE NO. 2023Y0494375 THE FOLLOWING PERSON(S) IS (ARE) DOING BUSINESS AS:
AGOURA HILLS, CA 91301. LOS ANGELES COUNTY. FULL NAME OF REGISTRANT(S) IS (ARE) MARIAN MOGHADASI, 30722 IVORY DR, AGOURA HILLS, CA 91301. THIS BUSINESS IS CONDUCTED BY: AN INDIVIDUAL. SIGNED: MARIAN MOGHADASI, OWNER. THIS STATEMENT WAS FILED WITH THE COUNTY CLERK OF LOS ANGELES COUNTY ON 03/07/2023. THE REGISTRANT(S) HAS (HAVE) COMMENCED TO TRANSACT BUSINESS UNDER THE FICTITIOUS BUSINESS NAME OR NAMES LISTED ABOVE ON 02/2023. NOTICE- THIS FICTITIOUS NAME STATEMENT EXPIRES FIVE YEARS FROM THE DATE IT WAS FILED IN THE OFFICE OF THE COUNTY CLERK. A NEW FICTITIOUS BUSINESS NAME STATEMENT MUST BE FILED PRIOR TO THAT DATE. THE FILING OF THIS STATEMENT DOES NOT OF ITSELF AUTHORIZE THE USE IN THIS STATE OF A FICTITIOUS BUSINESS NAME IN VIOLATION OF THE RIGHTS OF ANOTHER UNDER FEDERAL, STATE, OR COMMON LAW (SEE SECTION 14411 ET SEQ. BUSINESS AND PROFESSIONS CODE)PUBLISH: ES MOUNTAIN VIEWS NEWS
Dates Pub: March 11, 18, 25, April 1, 2023
FICTITIOUS BUSINESS NAME STATEMENT FILE NO. 2023Y0475530 THE FOLLOWING PERSON(S) IS (ARE) DOING BUSINESS AS: LA SKY CLOTHING, 1800 E FLORENCE AVE, LOS ANGELES, CA 90001. AI#ON 202355016704 LOS ANGELES COUNTY. FULL NAME OF REGISTRANT(S) IS (ARE) LA SKY SNEAKER SHOP LLC, 1800 E FLORENCE AVE, LOS ANGELES, CA 90001. THIS BUSINESS IS CONDUCTED BY: AN LLC. SIGNED: LA SKY SNEAKER SHOP LLC, LYNETTE SAMUEL LEE, MANAGING MEMBER. THIS STATEMENT WAS FILED WITH THE COUNTY CLERK OF LOS ANGELES COUNTY ON 03/03/2023. THE REGISTRANT(S) HAS (HAVE) COMMENCED TO TRANSACT BUSINESS UNDER THE FICTITIOUS BUSINESS NAME OR NAMES LISTED ABOVE ON N/A. NOTICE- THIS FICTITIOUS NAME STATEMENT EXPIRES FIVE YEARS FROM THE DATE IT WAS FILED IN THE OFFICE OF THE COUNTY CLERK. A NEW FICTITIOUS BUSINESS NAME STATEMENT MUST BE FILED PRIOR TO THAT DATE. THE FILING OF THIS STATEMENT DOES NOT OF ITSELF AUTHORIZE THE USE IN THIS STATE OF A FICTITIOUS BUSINESS NAME IN VIOLATION OF THE RIGHTS OF ANOTHER UNDER FEDERAL, STATE, OR COMMON LAW (SEE SECTION 14411 ET SEQ. BUSINESS AND PROFESSIONS CODE)PUBLISH: ES MOUNTAIN VIEWS NEWS
Dates Pub: March 11, 18, 25, April 1, 2023
FICTITIOUS BUSINESS NAME STATEMENT FILE NO. 2023Y0494859 THE FOLLOWING PERSON(S) IS (ARE) DOING BUSINESS AS: SINGERS TOW & TRANSPORTATION, 11585 SHELDON ST, SUN VALLEY, CA 91352. LOS ANGELES COUNTY. FULL NAME OF REGISTRANT(S) IS (ARE) CARLOS GUZMAN NAVA, 11585 SHELDON ST, SUN VALLEY, CA 91352. THIS BUSINESS IS CONDUCTED BY: AN INDIVIDUAL. SIGNED: CARLOS GUZMAN NAVA, OWNER. THIS STATEMENT WAS FILED WITH THE COUNTY CLERK OF LOS ANGELES COUNTY ON 03/07/2023. THE REGISTRANT(S) HAS (HAVE) COMMENCED TO TRANSACT BUSINESS UNDER THE FICTITIOUS BUSINESS NAME OR NAMES LISTED ABOVE ON 07/2017. NOTICE- THIS FICTITIOUS NAME STATEMENT EXPIRES FIVE YEARS FROM THE DATE IT WAS FILED IN THE OFFICE OF THE COUNTY CLERK. A NEW FICTITIOUS BUSINESS NAME STATEMENT MUST BE FILED PRIOR TO THAT DATE. THE FILING OF THIS STATEMENT DOES NOT OF ITSELF AUTHORIZE THE USE IN THIS STATE OF A FICTITIOUS BUSINESS NAME IN VIOLATION OF THE RIGHTS OF ANOTHER UNDER FEDERAL, STATE, OR COMMON LAW (SEE SECTION 14411 ET SEQ. BUSINESS AND PROFESSIONS CODE)PUBLISH: ES MOUNTAIN VIEWS NEWS
Dates Pub: March 11, 18, 25, April 1, 2023
FICTITIOUS BUSINESS NAME STATEMENT FILE NO. 2023Y0493865 THE FOLLOWING PERSON(S) IS (ARE) DOING BUSINESS AS: KOLOZYAN WEB DESIGN, 20412 ELKWOOD ST, WINNETKA, CA 91306. LOS ANGELES COUNTY. FULL NAME OF REGISTRANT(S) IS (ARE) EDGAR KOLOZYAN, 20412 ELKWOOD ST, WINNETKA, CA 91306. THIS BUSINESS IS CONDUCTED BY: AN INDIVIDUAL. SIGNED: EDGAR KOLOZYAN, OWNER. THIS STATEMENT WAS FILED WITH THE COUNTY CLERK OF LOS ANGELES COUNTY ON 03/07/2023. THE REGISTRANT(S) HAS (HAVE) COMMENCED TO TRANSACT BUSINESS UNDER THE FICTITIOUS BUSINESS NAME OR NAMES LISTED ABOVE ON N/A. NOTICE- THIS FICTITIOUS NAME STATEMENT EXPIRES FIVE YEARS FROM THE DATE IT WAS FILED IN THE OFFICE OF THE COUNTY CLERK. A NEW FICTITIOUS BUSINESS NAME STATEMENT MUST BE FILED PRIOR TO THAT DATE. THE FILING OF THIS STATEMENT DOES NOT OF ITSELF AUTHORIZE THE USE IN THIS STATE OF A FICTITIOUS BUSINESS NAME IN VIOLATION OF THE RIGHTS OF ANOTHER UNDER FEDERAL, STATE, OR COMMON LAW (SEE SECTION 14411 ET SEQ. BUSINESS AND PROFESSIONS CODE)PUBLISH: ES MOUNTAIN VIEWS NEWS
Dates Pub: March 11, 18, 25, April 1, 2023
FICTITIOUS BUSINESS NAME STATEMENT FILE NO. 2023Y0494667 THE FOLLOWING PERSON(S) IS (ARE) DOING BUSINESS AS: MIRABEAN STYLE, 20412 ELKWOOD ST, WINNETKA, CA 91306. LOS ANGELES COUNTY. FULL NAME OF REGISTRANT(S) IS (ARE) ANNA MIRABEAN, 20412 ELKWOOD ST, WINNETKA, CA 91306. THIS BUSINESS IS CONDUCTED BY: AN INDIVIDUAL. SIGNED: ANNA MIRABEAN, OWNER. THIS STATEMENT WAS FILED WITH THE COUNTY CLERK OF LOS ANGELES COUNTY ON 03/07/2023. THE REGISTRANT(S) HAS (HAVE) COMMENCED TO TRANSACT BUSINESS UNDER THE FICTITIOUS BUSINESS NAME OR NAMES LISTED ABOVE ON 04/2022. NOTICE- THIS FICTITIOUS NAME STATEMENT EXPIRES FIVE YEARS FROM THE DATE IT WAS FILED IN THE OFFICE OF THE COUNTY CLERK. A NEW FICTITIOUS BUSINESS NAME STATEMENT MUST BE FILED PRIOR TO THAT DATE. THE FILING OF THIS STATEMENT DOES NOT OF ITSELF AUTHORIZE THE USE IN THIS STATE OF A FICTITIOUS BUSINESS NAME IN VIOLATION OF THE RIGHTS OF ANOTHER UNDER FEDERAL, STATE, OR COMMON LAW (SEE SECTION 14411 ET SEQ. BUSINESS AND PROFESSIONS CODE)PUBLISH: ES MOUNTAIN VIEWS NEWS
Dates Pub: March 11, 18, 25, April 1, 2023
FICTITIOUS BUSINESS NAME STATEMENT FILE NO. 2023Y0494063 THE FOLLOWING PERSON(S) IS (ARE) DOING BUSINESS AS: SARGSYAN BEAUTY CORNER, 20050 HEMMINGWAY ST, WINNETKA, CA 91306. LOS ANGELES COUNTY. FULL NAME OF REGISTRANT(S) IS (ARE) ANI SARGSYAN, 20050 HEMMINGWAY ST, WINNETKA, CA 91306. THIS BUSINESS IS CONDUCTED BY: AN INDIVIDUAL. SIGNED: ANI SARGSYAN, OWNER. THIS STATEMENT WAS FILED WITH THE COUNTY CLERK OF LOS ANGELES COUNTY ON 03/07/2023. THE REGISTRANT(S) HAS (HAVE) COMMENCED TO TRANSACT BUSINESS UNDER THE FICTITIOUS BUSINESS NAME OR NAMES LISTED ABOVE ON 06/2022. NOTICE- THIS FICTITIOUS NAME STATEMENT EXPIRES FIVE YEARS FROM THE DATE IT WAS FILED IN THE OFFICE OF THE COUNTY CLERK. A NEW FICTITIOUS BUSINESS NAME STATEMENT MUST BE FILED PRIOR TO THAT DATE. THE FILING OF THIS STATEMENT DOES NOT OF ITSELF AUTHORIZE THE USE IN THIS STATE OF A FICTITIOUS BUSINESS NAME IN VIOLATION OF THE RIGHTS OF ANOTHER UNDER FEDERAL, STATE, OR COMMON LAW (SEE SECTION 14411 ET SEQ. BUSINESS AND PROFESSIONS CODE)PUBLISH: ES MOUNTAIN VIEWS NEWS
Dates Pub: March 11, 18, 25, April 1, 2023
FICTITIOUS BUSINESS NAME STATEMENT FILE NO. 2023Y0494004 THE FOLLOWING PERSON(S) IS (ARE) DOING BUSINESS AS: DANIELYAN CONSULTING, 20050 HEMMINGWAY ST, WINNETKA, CA 91306. LOS ANGELES COUNTY. FULL NAME OF REGISTRANT(S) IS (ARE) MHER DANIELYAN, 20050 HEMMINGWAY ST, WINNETKA, CA 91306. THIS BUSINESS IS CONDUCTED BY: AN INDIVIDUAL. SIGNED: MHER DANIELYAN, OWNER. THIS STATEMENT WAS FILED WITH THE COUNTY CLERK OF LOS ANGELES COUNTY ON 03/07/2023. THE REGISTRANT(S) HAS (HAVE) COMMENCED TO TRANSACT BUSINESS UNDER THE FICTITIOUS BUSINESS NAME OR NAMES LISTED ABOVE ON N/A. NOTICE- THIS FICTITIOUS NAME STATEMENT EXPIRES FIVE YEARS FROM THE DATE IT WAS FILED IN THE OFFICE OF THE COUNTY CLERK. A NEW FICTITIOUS BUSINESS NAME STATEMENT MUST BE FILED PRIOR TO THAT DATE. THE FILING OF THIS STATEMENT DOES NOT OF ITSELF AUTHORIZE THE USE IN THIS STATE OF A FICTITIOUS BUSINESS NAME IN VIOLATION OF THE RIGHTS OF ANOTHER UNDER FEDERAL, STATE, OR COMMON LAW (SEE SECTION 14411 ET SEQ. BUSINESS AND PROFESSIONS CODE)PUBLISH: ES MOUNTAIN VIEWS NEWS
Dates Pub: March 11, 18, 25, April 1, 2023
FICTITIOUS BUSINESS NAME STATEMENT FILE NO. 2023Y0490149 THE FOLLOWING PERSON(S) IS (ARE) DOING BUSINESS AS: PICASSO DENTAL LAB, 6930 OWENSMOUTH AVE UNIT 103, CANOGA PARK, CA 91303. AI#ON 202010060 LOS ANGELES COUNTY. FULL NAME OF REGISTRANT(S) IS (ARE) PICASSO DENTAL CERAMICS LLC, 6930 OWENSMOUTH AVE UNIT 103, CANOGA PARK, CA 91303. THIS BUSINESS IS CONDUCTED BY: AN LLC. SIGNED: PICASSO DENTAL CERAMICS LLC, MARCELO DUFFAU, MANAGING MEMBER. THIS STATEMENT WAS FILED WITH THE COUNTY CLERK OF LOS ANGELES COUNTY ON 03/06/2023. THE REGISTRANT(S) HAS (HAVE) COMMENCED TO TRANSACT BUSINESS UNDER THE FICTITIOUS BUSINESS NAME OR NAMES LISTED ABOVE ON 07/2015. NOTICE- THIS FICTITIOUS NAME STATEMENT EXPIRES FIVE YEARS FROM THE DATE IT WAS FILED IN THE OFFICE OF THE COUNTY CLERK. A NEW FICTITIOUS BUSINESS NAME STATEMENT MUST BE FILED PRIOR TO THAT DATE. THE FILING OF THIS STATEMENT DOES NOT OF ITSELF AUTHORIZE THE USE IN THIS STATE OF A FICTITIOUS BUSINESS NAME IN VIOLATION OF THE RIGHTS OF ANOTHER UNDER FEDERAL, STATE, OR COMMON LAW (SEE SECTION 14411 ET SEQ. BUSINESS AND PROFESSIONS CODE)PUBLISH: ES MOUNTAIN VIEWS NEWS
Dates Pub: March 11, 18, 25, April 1, 2023
FICTITIOUS BUSINESS NAME STATEMENT FILE NO. 2023Y0491437 THE FOLLOWING PERSON(S) IS (ARE) DOING BUSINESS AS: MARCIANO CUSTOM CABINETS, 7050 ATOLL AVE UNIT 7, NORTH HOLLYWOOD, CA 91605. LOS ANGELES COUNTY. FULL NAME OF REGISTRANT(S) IS (ARE) ISRAEL RICO MARCIANO, 7050 ATOLL AVE UNIT 7, NORTH HOLLYWOOD, CA 91605. THIS BUSINESS IS CONDUCTED BY: AN INDIVIDUAL. SIGNED: ISRAEL RICO MARCIANO, OWNER. THIS STATEMENT WAS FILED WITH THE COUNTY CLERK OF LOS ANGELES COUNTY ON 03/06/2023. THE REGISTRANT(S) HAS (HAVE) COMMENCED TO TRANSACT BUSINESS UNDER THE FICTITIOUS BUSINESS NAME OR NAMES LISTED ABOVE ON 03/2022. NOTICE- THIS FICTITIOUS NAME STATEMENT EXPIRES FIVE YEARS FROM THE DATE IT WAS FILED IN THE OFFICE OF THE COUNTY CLERK. A NEW FICTITIOUS BUSINESS NAME STATEMENT MUST BE FILED PRIOR TO THAT DATE. THE FILING OF THIS STATEMENT DOES NOT OF ITSELF AUTHORIZE THE USE IN THIS STATE OF A FICTITIOUS BUSINESS NAME IN VIOLATION OF THE RIGHTS OF ANOTHER UNDER FEDERAL, STATE, OR COMMON LAW (SEE SECTION 14411 ET SEQ. BUSINESS AND PROFESSIONS CODE)PUBLISH: ES MOUNTAIN VIEWS NEWS
Dates Pub: March 11, 18, 25, April 1, 2023
FICTITIOUS BUSINESS NAME STATEMENT FILE NO. 2023Y0495982 THE FOLLOWING PERSON(S) IS (ARE) DOING BUSINESS AS: DAVILA BUCKS HOME HEALTH CARE, 6643 BELLBELL AVE, NORTH HOLLYWOOD, CA 91606. LOS ANGELES COUNTY. FULL NAME OF REGISTRANT(S) IS (ARE) CLICK MED LLC, 6643 BELLBELL AVE, NORTH HOLLYWOOD, CA 91606. THIS BUSINESS IS CONDUCTED BY: AN LLC. SIGNED: CLICK MED LLC, LILIANA R DAVILA, CEO. THIS STATEMENT WAS FILED WITH THE COUNTY CLERK OF LOS ANGELES COUNTY ON 03/08/2023. THE REGISTRANT(S) HAS (HAVE) COMMENCED TO TRANSACT BUSINESS UNDER THE FICTITIOUS BUSINESS NAME OR NAMES LISTED ABOVE ON N/A. NOTICE- THIS FICTITIOUS NAME STATEMENT EXPIRES FIVE YEARS FROM THE DATE IT WAS FILED IN THE OFFICE OF THE COUNTY CLERK. A NEW FICTITIOUS BUSINESS NAME STATEMENT MUST BE FILED PRIOR TO THAT DATE. THE FILING OF THIS STATEMENT DOES NOT OF ITSELF AUTHORIZE THE USE IN THIS STATE OF A FICTITIOUS BUSINESS NAME IN VIOLATION OF THE RIGHTS OF ANOTHER UNDER FEDERAL, STATE, OR COMMON LAW (SEE SECTION 14411 ET SEQ. BUSINESS AND PROFESSIONS CODE)PUBLISH: ES MOUNTAIN VIEWS NEWS
Dates Pub: March 11, 18, 25, April 1, 2023
FICTITIOUS BUSINESS NAME STATEMENT FILE NO. 2023Y0503696 THE FOLLOWING PERSON(S) IS (ARE) DOING BUSINESS AS: SARROOR MARKOSIAN, 14523 VANOWEN ST VAN NUYS, CA 91405. LOS ANGELES COUNTY. FULL NAME OF REGISTRANT(S) IS (ARE) FLORSELDO MENDEZ ESCOBAR, 14523 VANOWEN ST VAN NUYS, CA 91405. THIS BUSINESS IS CONDUCTED BY: AN INDIVIDUAL. SIGNED: FLORSELDO MENDEZ ESCOBAR, OWNER. THIS STATEMENT WAS FILED WITH THE COUNTY CLERK OF LOS ANGELES COUNTY ON 02/16/2023. THE REGISTRANT(S) HAS (HAVE) COMMENCED TO TRANSACT BUSINESS UNDER THE FICTITIOUS BUSINESS NAME OR NAMES LISTED ABOVE ON 06/2022. NOTICE- THIS FICTITIOUS NAME STATEMENT EXPIRES FIVE YEARS FROM THE DATE IT WAS FILED IN THE OFFICE OF THE COUNTY CLERK. A NEW FICTITIOUS BUSINESS NAME STATEMENT MUST BE FILED PRIOR TO THAT DATE. THE FILING OF THIS STATEMENT DOES NOT OF ITSELF AUTHORIZE THE USE IN THIS STATE OF A FICTITIOUS BUSINESS NAME IN VIOLATION OF THE RIGHTS OF ANOTHER UNDER FEDERAL, STATE, OR COMMON LAW (SEE SECTION 14411 ET SEQ. BUSINESS AND PROFESSIONS CODE)PUBLISH: ES MOUNTAIN VIEWS NEWS
Dates Pub: March 11, 18, 25, April 1, 2023
FICTITIOUS BUSINESS NAME STATEMENT FILE NO. 2023Y0496670 THE FOLLOWING PERSON(S) IS (ARE) DOING BUSINESS AS: LABELS SPRINTING, 332 W LOMITA AVE APT 7S, GLENDALE, CA 91204. LOS ANGELES COUNTY. FULL NAME OF REGISTRANT(S) IS (ARE) EMIL STEPANYAN, 332 W LOMITA AVE APT 7S, GLENDALE, CA 91204. THIS BUSINESS IS CONDUCTED BY: AN INDIVIDUAL. SIGNED: EMIL STEPANYAN, OWNER. THIS STATEMENT WAS FILED WITH THE COUNTY CLERK OF LOS ANGELES COUNTY ON 03/07/2023. THE REGISTRANT(S) HAS (HAVE) COMMENCED TO TRANSACT BUSINESS UNDER THE FICTITIOUS BUSINESS NAME OR NAMES LISTED ABOVE ON 10/2017. NOTICE- THIS FICTITIOUS NAME STATEMENT EXPIRES FIVE YEARS FROM THE DATE IT WAS FILED IN THE OFFICE OF THE COUNTY CLERK. A NEW FICTITIOUS BUSINESS NAME STATEMENT MUST BE FILED PRIOR TO THAT DATE. THE FILING OF THIS STATEMENT DOES NOT OF ITSELF AUTHORIZE THE USE IN THIS STATE OF A FICTITIOUS BUSINESS NAME IN VIOLATION OF THE RIGHTS OF ANOTHER UNDER FEDERAL, STATE, OR COMMON LAW (SEE SECTION 14411 ET SEQ. BUSINESS AND PROFESSIONS CODE)PUBLISH: ES MOUNTAIN VIEWS NEWS
Dates Pub: March 11, 18, 25, April 1, 2023
FICTITIOUS BUSINESS NAME STATEMENT FILE NO. 2023Y0490775 THE FOLLOWING PERSON(S) IS (ARE) DOING BUSINESS AS: 911 CLEANING HOMES & OFFICES, 8847 WILLIS AVE APT 42, PANORAMA CITY, CA 91402. LOS ANGELES COUNTY. FULL NAME OF REGISTRANT(S) IS (ARE) SAUL ANTONIO GONZALEZ HERNANDEZ, 8847 WILLIS AVE APT 42, PANORAMA CITY, CA 91402. THIS BUSINESS IS CONDUCTED BY: AN INDIVIDUAL. SIGNED: SAUL ANTONIO GONZALEZ HERNANDEZ, OWNER. THIS STATEMENT WAS FILED WITH THE COUNTY CLERK OF LOS ANGELES COUNTY ON 03/06/2023. THE REGISTRANT(S) HAS (HAVE) COMMENCED TO TRANSACT BUSINESS UNDER THE FICTITIOUS BUSINESS NAME OR NAMES LISTED ABOVE ON 02/2017. NOTICE- THIS FICTITIOUS NAME STATEMENT EXPIRES FIVE YEARS FROM THE DATE IT WAS FILED IN THE OFFICE OF THE COUNTY CLERK. A NEW FICTITIOUS BUSINESS NAME STATEMENT MUST BE FILED PRIOR TO THAT DATE. THE FILING OF THIS STATEMENT DOES NOT OF ITSELF AUTHORIZE THE USE IN THIS STATE OF A FICTITIOUS BUSINESS NAME IN VIOLATION OF THE RIGHTS OF ANOTHER UNDER FEDERAL, STATE, OR COMMON LAW (SEE SECTION 14411 ET SEQ. BUSINESS AND PROFESSIONS CODE)PUBLISH: ES MOUNTAIN VIEWS NEWS
Dates Pub: March 11, 18, 25, April 1, 2023
FICTITIOUS BUSINESS NAME STATEMENT FILE NO. 2023Y0494079 THE FOLLOWING PERSON(S) IS (ARE) DOING BUSINESS AS: BIG OUTDOORS, 13751 SHERMAN WAY APT 302, VAN NUYS, CA 91405. LOS ANGELES COUNTY. FULL NAME OF REGISTRANT(S) IS (ARE) NELSON JOSE LOPEZ HERRERA, 13751 SHERMAN WAY APT 302, VAN NUYS, CA 91405. THIS BUSINESS IS CONDUCTED BY: AN INDIVIDUAL. SIGNED: NELSON JOSE LOPEZ HERRERA, OWNER. THIS STATEMENT WAS FILED WITH THE COUNTY CLERK OF LOS ANGELES COUNTY ON 03/07/2023. THE REGISTRANT(S) HAS (HAVE) COMMENCED TO TRANSACT BUSINESS UNDER THE FICTITIOUS BUSINESS NAME OR NAMES LISTED ABOVE ON 03/2023. NOTICE- THIS FICTITIOUS NAME STATEMENT EXPIRES FIVE YEARS FROM THE DATE IT WAS FILED IN THE OFFICE OF THE COUNTY CLERK. A NEW FICTITIOUS BUSINESS NAME STATEMENT MUST BE FILED PRIOR TO THAT DATE. THE FILING OF THIS STATEMENT DOES NOT OF ITSELF AUTHORIZE THE USE IN THIS STATE OF A FICTITIOUS BUSINESS NAME IN VIOLATION OF THE RIGHTS OF ANOTHER UNDER FEDERAL, STATE, OR COMMON LAW (SEE SECTION 14411 ET SEQ. BUSINESS AND PROFESSIONS CODE)PUBLISH: ES MOUNTAIN VIEWS NEWS
Dates Pub: March 11, 18, 25, April 1, 2023
FICTITIOUS BUSINESS NAME STATEMENT FILE NO. 2023Y0500441 THE FOLLOWING PERSON(S) IS (ARE) DOING BUSINESS AS: ARM & ARC EXPRESS, 14880 COVELLO ST UNIT 9, VAN NUYS, CA 91405. LOS ANGELES COUNTY. FULL NAME OF REGISTRANT(S) IS (ARE) ARMAN ABRAHAMYAN, 14880 COVELLO ST UNIT 9, VAN NUYS, CA 91405. THIS BUSINESS IS CONDUCTED BY: AN INDIVIDUAL. SIGNED: ARMAN ABRAHAMYAN, OWNER. THIS STATEMENT WAS FILED WITH THE COUNTY CLERK OF LOS ANGELES COUNTY ON 03/08/2023. THE REGISTRANT(S) HAS (HAVE) COMMENCED TO TRANSACT BUSINESS UNDER THE FICTITIOUS BUSINESS NAME OR NAMES LISTED ABOVE ON 03/2023. NOTICE- THIS FICTITIOUS NAME STATEMENT EXPIRES FIVE YEARS FROM THE DATE IT WAS FILED IN THE OFFICE OF THE COUNTY CLERK. A NEW FICTITIOUS BUSINESS NAME STATEMENT MUST BE FILED PRIOR TO THAT DATE. THE FILING OF THIS STATEMENT DOES NOT OF ITSELF AUTHORIZE THE USE IN THIS STATE OF A FICTITIOUS BUSINESS NAME IN VIOLATION OF THE RIGHTS OF ANOTHER UNDER FEDERAL, STATE, OR COMMON LAW (SEE SECTION 14411 ET SEQ. BUSINESS AND PROFESSIONS CODE)PUBLISH: ES MOUNTAIN VIEWS NEWS
Dates Pub: March 11, 18, 25, April 1, 2023
FICTITIOUS BUSINESS NAME STATEMENT FILE NO. 2023Y0493865 THE FOLLOWING PERSON(S) IS (ARE) DOING BUSINESS AS: ZJ GLIDE CARE, 2220 N VICTORY BLVD APT 207, BURBANK, CA 91506. LOS ANGELES COUNTY. FULL NAME OF REGISTRANT(S) IS (ARE) ZADIG JALALYAN, 2220 N VICTORY BLVD APT 207, BURBANK, CA 91506. THIS BUSINESS IS CONDUCTED BY: AN INDIVIDUAL. SIGNED: ZADIG JALALYAN, OWNER. THIS STATEMENT WAS FILED WITH THE COUNTY CLERK OF LOS ANGELES COUNTY ON 03/07/2023. THE REGISTRANT(S) HAS (HAVE) COMMENCED TO TRANSACT BUSINESS UNDER THE FICTITIOUS BUSINESS NAME OR NAMES LISTED ABOVE ON 02/2023. NOTICE- THIS FICTITIOUS NAME STATEMENT EXPIRES FIVE YEARS FROM THE DATE IT WAS FILED IN THE OFFICE OF THE COUNTY CLERK. A NEW FICTITIOUS BUSINESS NAME STATEMENT MUST BE FILED PRIOR TO THAT DATE. THE FILING OF THIS STATEMENT DOES NOT OF ITSELF AUTHORIZE THE USE IN THIS STATE OF A FICTITIOUS BUSINESS NAME IN VIOLATION OF THE RIGHTS OF ANOTHER UNDER FEDERAL, STATE, OR COMMON LAW (SEE SECTION 14411 ET SEQ. BUSINESS AND PROFESSIONS CODE)PUBLISH: ES MOUNTAIN VIEWS NEWS
Dates Pub: March 11, 18, 25, April 1, 2023
FICTITIOUS BUSINESS NAME STATEMENT FILE NO. 2023Y0491506 THE FOLLOWING PERSON(S) IS (ARE) DOING BUSINESS AS: C MOBILE CAR SERVICE, 7639 RADFORD AVE, NORTH HOLLYWOOD, CA 91605. LOS ANGELES COUNTY. FULL NAME OF REGISTRANT(S) IS (ARE) CARLOS RAFAEL ULLOA MARTINEZ, 7639 RADFORD AVE, NORTH HOLLYWOOD, CA 91605. THIS BUSINESS IS CONDUCTED BY: AN INDIVIDUAL. SIGNED: CARLOS RAFAEL ULLOA MARTINEZ, OWNER. THIS STATEMENT WAS FILED WITH THE COUNTY CLERK OF LOS ANGELES COUNTY ON 03/07/2023. THE REGISTRANT(S) HAS (HAVE) COMMENCED TO TRANSACT BUSINESS UNDER THE FICTITIOUS BUSINESS NAME OR NAMES LISTED ABOVE ON N/A. NOTICE- THIS FICTITIOUS NAME STATEMENT EXPIRES FIVE YEARS FROM THE DATE IT WAS FILED IN THE OFFICE OF THE COUNTY CLERK. A NEW FICTITIOUS BUSINESS NAME STATEMENT MUST BE FILED PRIOR TO THAT DATE. THE FILING OF THIS STATEMENT DOES NOT OF ITSELF AUTHORIZE THE USE IN THIS STATE OF A FICTITIOUS BUSINESS NAME IN VIOLATION OF THE RIGHTS OF ANOTHER UNDER FEDERAL, STATE, OR COMMON LAW (SEE SECTION 14411 ET SEQ. BUSINESS AND PROFESSIONS CODE)PUBLISH: ES MOUNTAIN VIEWS NEWS
Dates Pub: March 11, 18, 25, April 1, 2023
FICTITIOUS BUSINESS NAME STATEMENT FILE NO. 2023Y0491513 THE FOLLOWING PERSON(S) IS (ARE) DOING BUSINESS AS: UNITED PUBLIC SERVICES, 15001 COMMERCE AVE, TUJUNGA, CA 91042. LOS ANGELES COUNTY. FULL NAME OF REGISTRANT(S) IS (ARE) EDWIN NERSISYAN, 15001 COMMERCE AVE, TUJUNGA, CA 91042. THIS BUSINESS IS CONDUCTED BY: AN INDIVIDUAL. SIGNED: EDWIN NERSISYAN, OWNER. THIS STATEMENT WAS FILED WITH THE COUNTY CLERK OF LOS ANGELES COUNTY ON 03/08/2023. THE REGISTRANT(S) HAS (HAVE) COMMENCED TO TRANSACT BUSINESS UNDER THE FICTITIOUS BUSINESS NAME OR NAMES LISTED ABOVE ON N/A. NOTICE- THIS FICTITIOUS NAME STATEMENT EXPIRES FIVE YEARS FROM THE DATE IT WAS FILED IN THE OFFICE OF THE COUNTY CLERK. A NEW FICTITIOUS BUSINESS NAME STATEMENT MUST BE FILED PRIOR TO THAT DATE. THE FILING OF THIS STATEMENT DOES NOT OF ITSELF AUTHORIZE THE USE IN THIS STATE OF A FICTITIOUS BUSINESS NAME IN VIOLATION OF THE RIGHTS OF ANOTHER UNDER FEDERAL, STATE, OR COMMON LAW (SEE SECTION 14411 ET SEQ. BUSINESS AND PROFESSIONS CODE)PUBLISH: ES MOUNTAIN VIEWS NEWS
Dates Pub: March 11, 18, 25, April 1, 2023
FICTITIOUS BUSINESS NAME STATEMENT FILE NO. 2023Y0503281 THE FOLLOWING PERSON(S) IS (ARE) DOING BUSINESS AS: ARMENIANGROCERIES.COM, 3146 HONOLULU AVE, MONTROSE, CA 91020. LOS ANGELES COUNTY. FULL NAME OF REGISTRANT(S) IS (ARE) SHOGHIG SUSAN AVAKIAN, 3146 HONOLULU AVE, MONTROSE, CA 91020. THIS BUSINESS IS CONDUCTED BY: AN INDIVIDUAL. SIGNED: SHOGHIG SUSAN AVAKIAN, OWNER. THIS STATEMENT WAS FILED WITH THE COUNTY CLERK OF LOS ANGELES COUNTY ON 03/09/2023. THE REGISTRANT(S) HAS (HAVE) COMMENCED TO TRANSACT BUSINESS UNDER THE FICTITIOUS BUSINESS NAME OR NAMES LISTED ABOVE ON 10/2011. NOTICE- THIS FICTITIOUS NAME STATEMENT EXPIRES FIVE YEARS FROM THE DATE IT WAS FILED IN THE OFFICE OF THE COUNTY CLERK. A NEW FICTITIOUS BUSINESS NAME STATEMENT MUST BE FILED PRIOR TO THAT DATE. THE FILING OF THIS STATEMENT DOES NOT OF ITSELF AUTHORIZE THE USE IN THIS STATE OF A FICTITIOUS BUSINESS NAME IN VIOLATION OF THE RIGHTS OF ANOTHER UNDER FEDERAL, STATE, OR COMMON LAW (SEE SECTION 14411 ET SEQ. BUSINESS AND PROFESSIONS CODE)PUBLISH: ES MOUNTAIN VIEWS NEWS
Dates Pub: March 11, 18, 25, April 1, 2023
FICTITIOUS BUSINESS NAME STATEMENT FILE NO. 2023Y0491571 THE FOLLOWING PERSON(S) IS (ARE) DOING BUSINESS AS: BRAVA TRUCKS, 437 E STOCKER ST UNIT 100, GLENDALE, CA 91207. LOS ANGELES COUNTY. FULL NAME OF REGISTRANT(S) IS (ARE) ANNA POGHOSYAN, 437 E STOCKER ST UNIT 100, GLENDALE, CA 91207. THIS BUSINESS IS CONDUCTED BY: AN INDIVIDUAL. SIGNED: ANNA POGHOSYAN, OWNER. THIS STATEMENT WAS FILED WITH THE COUNTY CLERK OF LOS ANGELES COUNTY ON 03/06/2023. THE REGISTRANT(S) HAS (HAVE) COMMENCED TO TRANSACT BUSINESS UNDER THE FICTITIOUS BUSINESS NAME OR NAMES LISTED ABOVE ON N/A. NOTICE- THIS FICTITIOUS NAME STATEMENT EXPIRES FIVE YEARS FROM THE DATE IT WAS FILED IN THE OFFICE OF THE COUNTY CLERK. A NEW FICTITIOUS BUSINESS NAME STATEMENT MUST BE FILED PRIOR TO THAT DATE. THE FILING OF THIS STATEMENT DOES NOT OF ITSELF AUTHORIZE THE USE IN THIS STATE OF A FICTITIOUS BUSINESS NAME IN VIOLATION OF THE RIGHTS OF ANOTHER UNDER FEDERAL, STATE, OR COMMON LAW (SEE SECTION 14411 ET SEQ. BUSINESS AND PROFESSIONS CODE)PUBLISH: ES MOUNTAIN VIEWS NEWS
Dates Pub: March 11, 18, 25, April 1, 2023
Mountain Views News 80 W Sierra Madre Blvd. No. 327 Sierra Madre, Ca. 91024 Office: 626.355.2737 Fax: 626.609.3285 Email: editor@mtnviewsnews.com Website: www.mtnviewsnews.com
